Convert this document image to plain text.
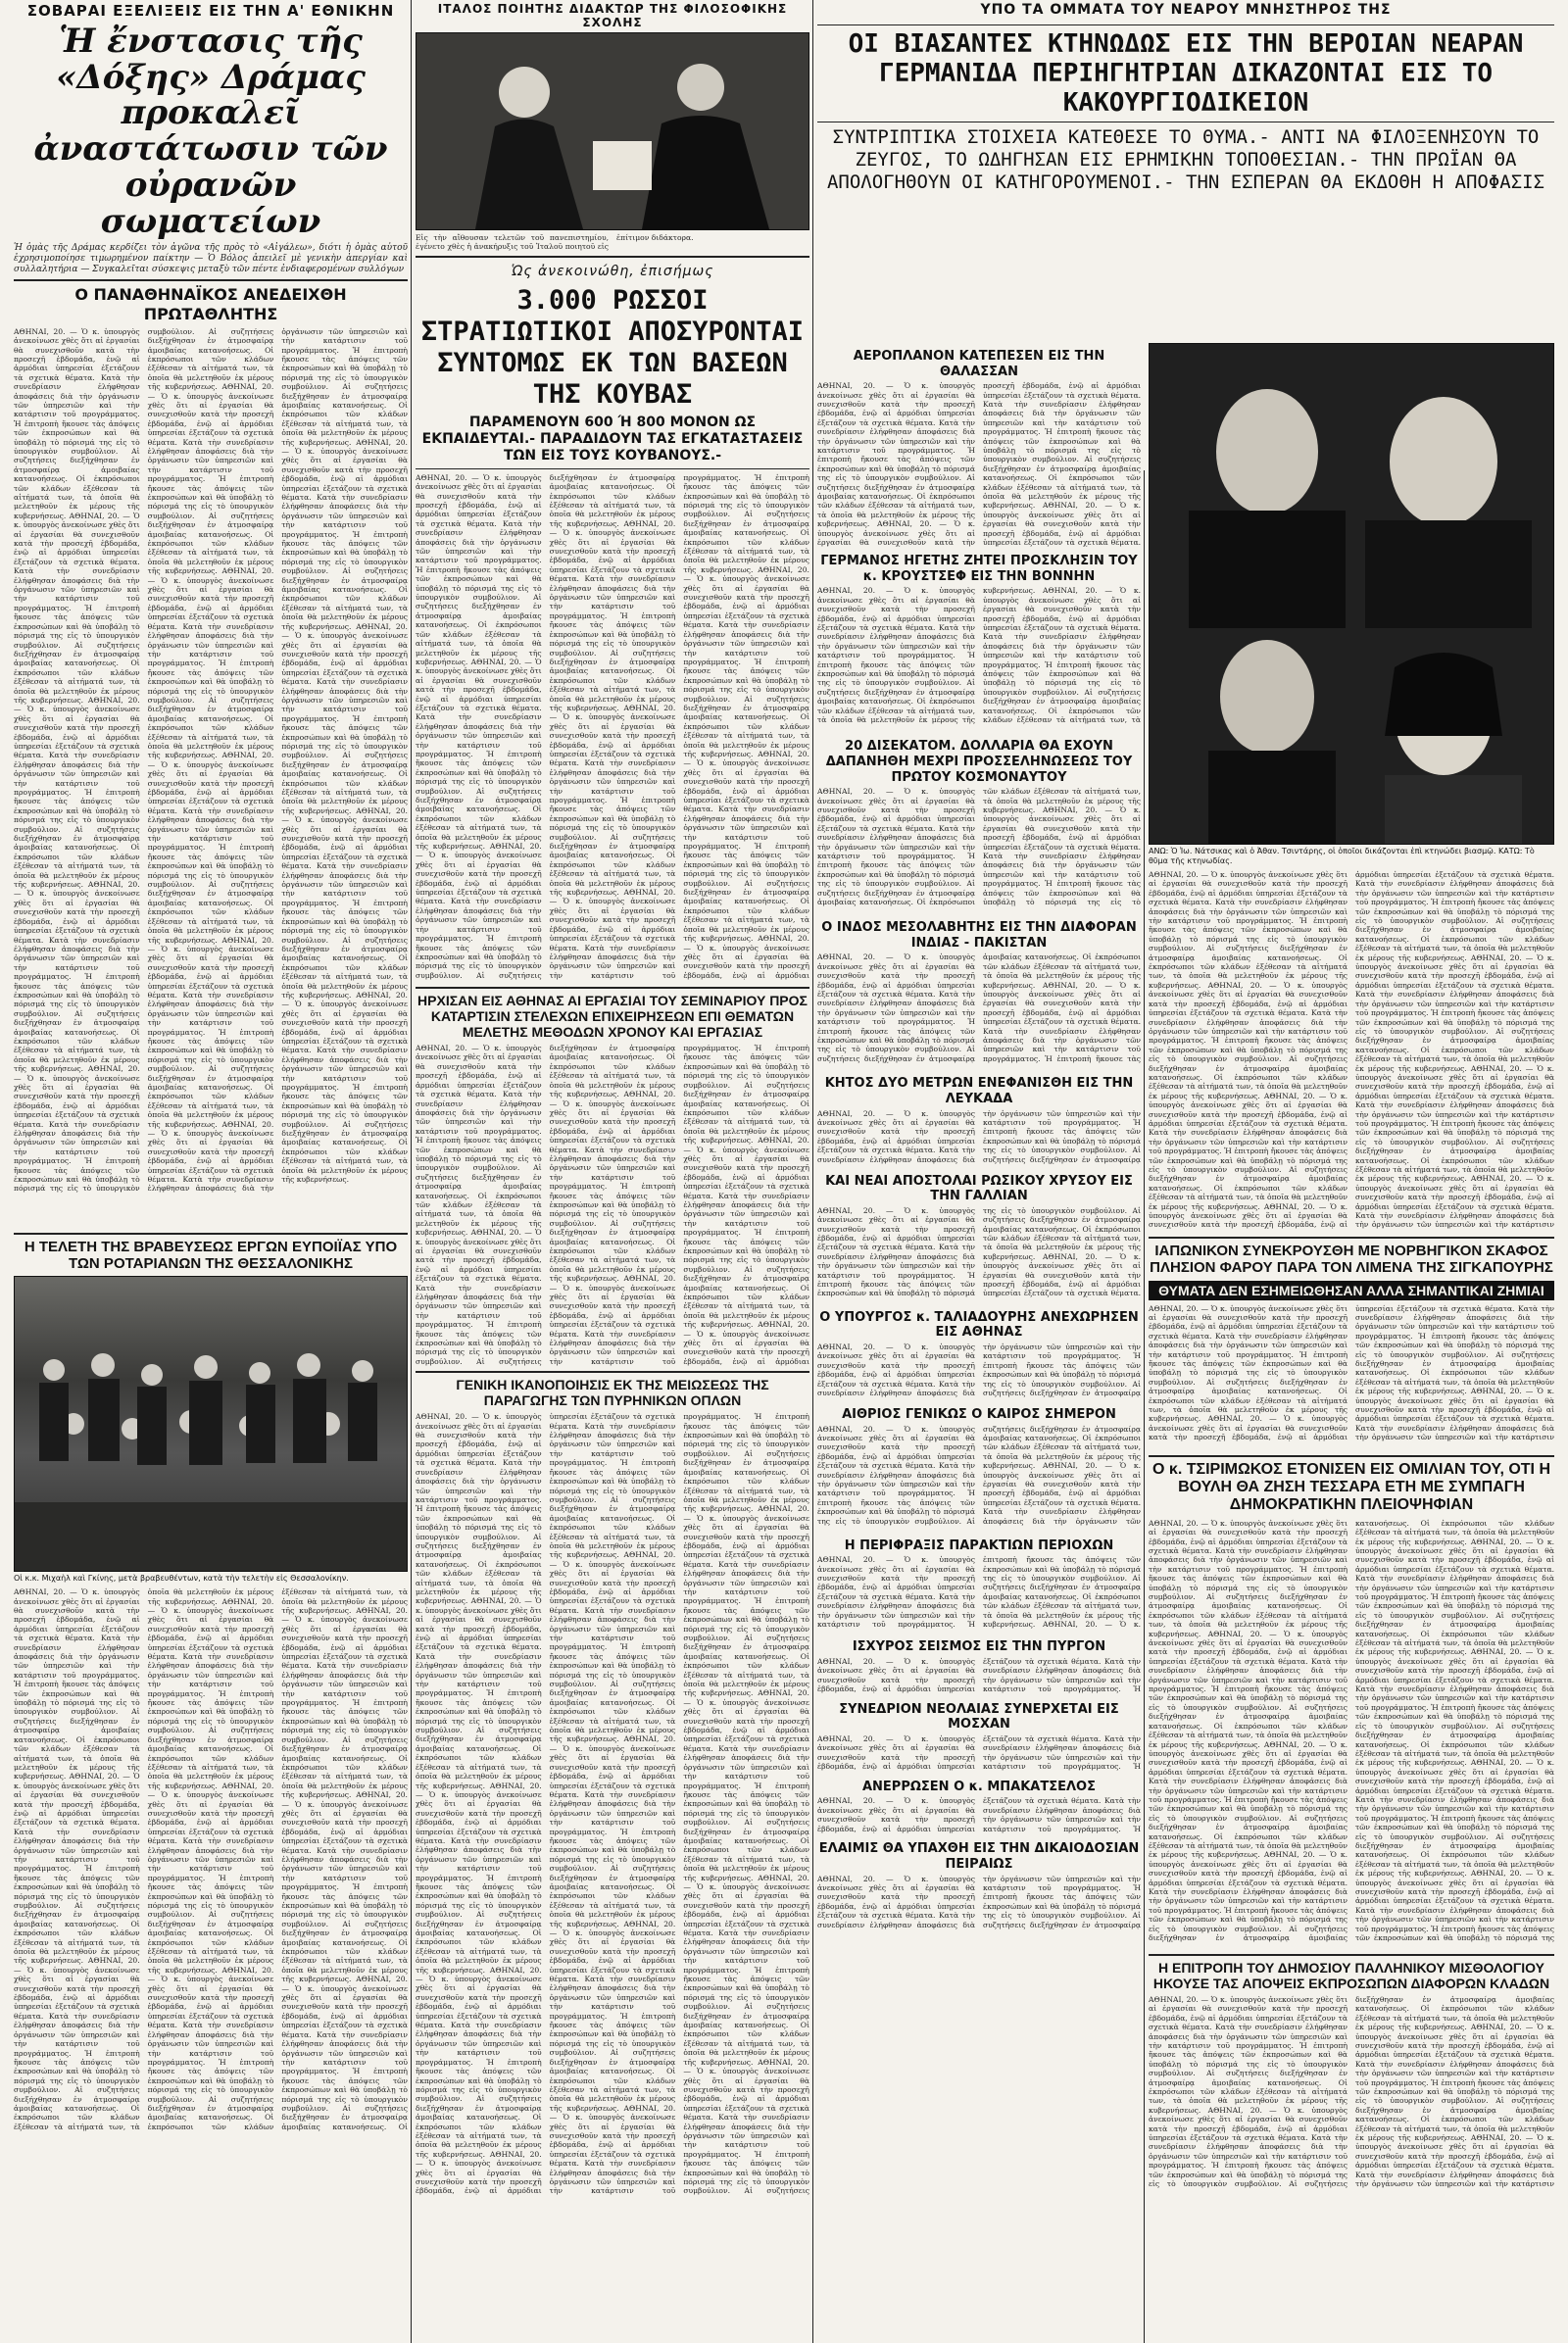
ΣΟΒΑΡΑΙ ΕΞΕΛΙΞΕΙΣ ΕΙΣ ΤΗΝ Α' ΕΘΝΙΚΗΝ
Ἡ ἔνστασις τῆς «Δόξης» Δράμας προκαλεῖ ἀναστάτωσιν τῶν οὐρανῶν σωματείων
Ἡ ὁμὰς τῆς Δράμας κερδίζει τὸν ἀγῶνα τῆς πρὸς τὸ «Αἰγάλεω», διότι ἡ ὁμὰς αὐτοῦ ἐχρησιμοποίησε τιμωρημένον παίκτην — Ὁ Βόλος ἀπειλεῖ μὲ γενικὴν ἀπεργίαν καὶ συλλαλητήρια — Συγκαλεῖται σύσκεψις μεταξὺ τῶν πέντε ἐνδιαφερομένων συλλόγων
Ο ΠΑΝΑΘΗΝΑΪΚΟΣ ΑΝΕΔΕΙΧΘΗ ΠΡΩΤΑΘΛΗΤΗΣ
ΑΘΗΝΑΙ, 20. — Ὁ κ. ὑπουργὸς ἀνεκοίνωσε χθὲς ὅτι αἱ ἐργασίαι θὰ συνεχισθοῦν κατὰ τὴν προσεχῆ ἑβδομάδα, ἐνῷ αἱ ἁρμόδιαι ὑπηρεσίαι ἐξετάζουν τὰ σχετικὰ θέματα. Κατὰ τὴν συνεδρίασιν ἐλήφθησαν ἀποφάσεις διὰ τὴν ὀργάνωσιν τῶν ὑπηρεσιῶν καὶ τὴν κατάρτισιν τοῦ προγράμματος. Ἡ ἐπιτροπὴ ἤκουσε τὰς ἀπόψεις τῶν ἐκπροσώπων καὶ θὰ ὑποβάλῃ τὸ πόρισμά της εἰς τὸ ὑπουργικὸν συμβούλιον. Αἱ συζητήσεις διεξήχθησαν ἐν ἀτμοσφαίρᾳ ἀμοιβαίας κατανοήσεως. Οἱ ἐκπρόσωποι τῶν κλάδων ἐξέθεσαν τὰ αἰτήματά των, τὰ ὁποῖα θὰ μελετηθοῦν ἐκ μέρους τῆς κυβερνήσεως. ΑΘΗΝΑΙ, 20. — Ὁ κ. ὑπουργὸς ἀνεκοίνωσε χθὲς ὅτι αἱ ἐργασίαι θὰ συνεχισθοῦν κατὰ τὴν προσεχῆ ἑβδομάδα, ἐνῷ αἱ ἁρμόδιαι ὑπηρεσίαι ἐξετάζουν τὰ σχετικὰ θέματα. Κατὰ τὴν συνεδρίασιν ἐλήφθησαν ἀποφάσεις διὰ τὴν ὀργάνωσιν τῶν ὑπηρεσιῶν καὶ τὴν κατάρτισιν τοῦ προγράμματος. Ἡ ἐπιτροπὴ ἤκουσε τὰς ἀπόψεις τῶν ἐκπροσώπων καὶ θὰ ὑποβάλῃ τὸ πόρισμά της εἰς τὸ ὑπουργικὸν συμβούλιον. Αἱ συζητήσεις διεξήχθησαν ἐν ἀτμοσφαίρᾳ ἀμοιβαίας κατανοήσεως. Οἱ ἐκπρόσωποι τῶν κλάδων ἐξέθεσαν τὰ αἰτήματά των, τὰ ὁποῖα θὰ μελετηθοῦν ἐκ μέρους τῆς κυβερνήσεως. ΑΘΗΝΑΙ, 20. — Ὁ κ. ὑπουργὸς ἀνεκοίνωσε χθὲς ὅτι αἱ ἐργασίαι θὰ συνεχισθοῦν κατὰ τὴν προσεχῆ ἑβδομάδα, ἐνῷ αἱ ἁρμόδιαι ὑπηρεσίαι ἐξετάζουν τὰ σχετικὰ θέματα. Κατὰ τὴν συνεδρίασιν ἐλήφθησαν ἀποφάσεις διὰ τὴν ὀργάνωσιν τῶν ὑπηρεσιῶν καὶ τὴν κατάρτισιν τοῦ προγράμματος. Ἡ ἐπιτροπὴ ἤκουσε τὰς ἀπόψεις τῶν ἐκπροσώπων καὶ θὰ ὑποβάλῃ τὸ πόρισμά της εἰς τὸ ὑπουργικὸν συμβούλιον. Αἱ συζητήσεις διεξήχθησαν ἐν ἀτμοσφαίρᾳ ἀμοιβαίας κατανοήσεως. Οἱ ἐκπρόσωποι τῶν κλάδων ἐξέθεσαν τὰ αἰτήματά των, τὰ ὁποῖα θὰ μελετηθοῦν ἐκ μέρους τῆς κυβερνήσεως. ΑΘΗΝΑΙ, 20. — Ὁ κ. ὑπουργὸς ἀνεκοίνωσε χθὲς ὅτι αἱ ἐργασίαι θὰ συνεχισθοῦν κατὰ τὴν προσεχῆ ἑβδομάδα, ἐνῷ αἱ ἁρμόδιαι ὑπηρεσίαι ἐξετάζουν τὰ σχετικὰ θέματα. Κατὰ τὴν συνεδρίασιν ἐλήφθησαν ἀποφάσεις διὰ τὴν ὀργάνωσιν τῶν ὑπηρεσιῶν καὶ τὴν κατάρτισιν τοῦ προγράμματος. Ἡ ἐπιτροπὴ ἤκουσε τὰς ἀπόψεις τῶν ἐκπροσώπων καὶ θὰ ὑποβάλῃ τὸ πόρισμά της εἰς τὸ ὑπουργικὸν συμβούλιον. Αἱ συζητήσεις διεξήχθησαν ἐν ἀτμοσφαίρᾳ ἀμοιβαίας κατανοήσεως. Οἱ ἐκπρόσωποι τῶν κλάδων ἐξέθεσαν τὰ αἰτήματά των, τὰ ὁποῖα θὰ μελετηθοῦν ἐκ μέρους τῆς κυβερνήσεως. ΑΘΗΝΑΙ, 20. — Ὁ κ. ὑπουργὸς ἀνεκοίνωσε χθὲς ὅτι αἱ ἐργασίαι θὰ συνεχισθοῦν κατὰ τὴν προσεχῆ ἑβδομάδα, ἐνῷ αἱ ἁρμόδιαι ὑπηρεσίαι ἐξετάζουν τὰ σχετικὰ θέματα. Κατὰ τὴν συνεδρίασιν ἐλήφθησαν ἀποφάσεις διὰ τὴν ὀργάνωσιν τῶν ὑπηρεσιῶν καὶ τὴν κατάρτισιν τοῦ προγράμματος. Ἡ ἐπιτροπὴ ἤκουσε τὰς ἀπόψεις τῶν ἐκπροσώπων καὶ θὰ ὑποβάλῃ τὸ πόρισμά της εἰς τὸ ὑπουργικὸν συμβούλιον. Αἱ συζητήσεις διεξήχθησαν ἐν ἀτμοσφαίρᾳ ἀμοιβαίας κατανοήσεως. Οἱ ἐκπρόσωποι τῶν κλάδων ἐξέθεσαν τὰ αἰτήματά των, τὰ ὁποῖα θὰ μελετηθοῦν ἐκ μέρους τῆς κυβερνήσεως. ΑΘΗΝΑΙ, 20. — Ὁ κ. ὑπουργὸς ἀνεκοίνωσε χθὲς ὅτι αἱ ἐργασίαι θὰ συνεχισθοῦν κατὰ τὴν προσεχῆ ἑβδομάδα, ἐνῷ αἱ ἁρμόδιαι ὑπηρεσίαι ἐξετάζουν τὰ σχετικὰ θέματα. Κατὰ τὴν συνεδρίασιν ἐλήφθησαν ἀποφάσεις διὰ τὴν ὀργάνωσιν τῶν ὑπηρεσιῶν καὶ τὴν κατάρτισιν τοῦ προγράμματος. Ἡ ἐπιτροπὴ ἤκουσε τὰς ἀπόψεις τῶν ἐκπροσώπων καὶ θὰ ὑποβάλῃ τὸ πόρισμά της εἰς τὸ ὑπουργικὸν συμβούλιον. Αἱ συζητήσεις διεξήχθησαν ἐν ἀτμοσφαίρᾳ ἀμοιβαίας κατανοήσεως. Οἱ ἐκπρόσωποι τῶν κλάδων ἐξέθεσαν τὰ αἰτήματά των, τὰ ὁποῖα θὰ μελετηθοῦν ἐκ μέρους τῆς κυβερνήσεως. ΑΘΗΝΑΙ, 20. — Ὁ κ. ὑπουργὸς ἀνεκοίνωσε χθὲς ὅτι αἱ ἐργασίαι θὰ συνεχισθοῦν κατὰ τὴν προσεχῆ ἑβδομάδα, ἐνῷ αἱ ἁρμόδιαι ὑπηρεσίαι ἐξετάζουν τὰ σχετικὰ θέματα. Κατὰ τὴν συνεδρίασιν ἐλήφθησαν ἀποφάσεις διὰ τὴν ὀργάνωσιν τῶν ὑπηρεσιῶν καὶ τὴν κατάρτισιν τοῦ προγράμματος. Ἡ ἐπιτροπὴ ἤκουσε τὰς ἀπόψεις τῶν ἐκπροσώπων καὶ θὰ ὑποβάλῃ τὸ πόρισμά της εἰς τὸ ὑπουργικὸν συμβούλιον. Αἱ συζητήσεις διεξήχθησαν ἐν ἀτμοσφαίρᾳ ἀμοιβαίας κατανοήσεως. Οἱ ἐκπρόσωποι τῶν κλάδων ἐξέθεσαν τὰ αἰτήματά των, τὰ ὁποῖα θὰ μελετηθοῦν ἐκ μέρους τῆς κυβερνήσεως. ΑΘΗΝΑΙ, 20. — Ὁ κ. ὑπουργὸς ἀνεκοίνωσε χθὲς ὅτι αἱ ἐργασίαι θὰ συνεχισθοῦν κατὰ τὴν προσεχῆ ἑβδομάδα, ἐνῷ αἱ ἁρμόδιαι ὑπηρεσίαι ἐξετάζουν τὰ σχετικὰ θέματα. Κατὰ τὴν συνεδρίασιν ἐλήφθησαν ἀποφάσεις διὰ τὴν ὀργάνωσιν τῶν ὑπηρεσιῶν καὶ τὴν κατάρτισιν τοῦ προγράμματος. Ἡ ἐπιτροπὴ ἤκουσε τὰς ἀπόψεις τῶν ἐκπροσώπων καὶ θὰ ὑποβάλῃ τὸ πόρισμά της εἰς τὸ ὑπουργικὸν συμβούλιον. Αἱ συζητήσεις διεξήχθησαν ἐν ἀτμοσφαίρᾳ ἀμοιβαίας κατανοήσεως. Οἱ ἐκπρόσωποι τῶν κλάδων ἐξέθεσαν τὰ αἰτήματά των, τὰ ὁποῖα θὰ μελετηθοῦν ἐκ μέρους τῆς κυβερνήσεως. ΑΘΗΝΑΙ, 20. — Ὁ κ. ὑπουργὸς ἀνεκοίνωσε χθὲς ὅτι αἱ ἐργασίαι θὰ συνεχισθοῦν κατὰ τὴν προσεχῆ ἑβδομάδα, ἐνῷ αἱ ἁρμόδιαι ὑπηρεσίαι ἐξετάζουν τὰ σχετικὰ θέματα. Κατὰ τὴν συνεδρίασιν ἐλήφθησαν ἀποφάσεις διὰ τὴν ὀργάνωσιν τῶν ὑπηρεσιῶν καὶ τὴν κατάρτισιν τοῦ προγράμματος. Ἡ ἐπιτροπὴ ἤκουσε τὰς ἀπόψεις τῶν ἐκπροσώπων καὶ θὰ ὑποβάλῃ τὸ πόρισμά της εἰς τὸ ὑπουργικὸν συμβούλιον. Αἱ συζητήσεις διεξήχθησαν ἐν ἀτμοσφαίρᾳ ἀμοιβαίας κατανοήσεως. Οἱ ἐκπρόσωποι τῶν κλάδων ἐξέθεσαν τὰ αἰτήματά των, τὰ ὁποῖα θὰ μελετηθοῦν ἐκ μέρους τῆς κυβερνήσεως. ΑΘΗΝΑΙ, 20. — Ὁ κ. ὑπουργὸς ἀνεκοίνωσε χθὲς ὅτι αἱ ἐργασίαι θὰ συνεχισθοῦν κατὰ τὴν προσεχῆ ἑβδομάδα, ἐνῷ αἱ ἁρμόδιαι ὑπηρεσίαι ἐξετάζουν τὰ σχετικὰ θέματα. Κατὰ τὴν συνεδρίασιν ἐλήφθησαν ἀποφάσεις διὰ τὴν ὀργάνωσιν τῶν ὑπηρεσιῶν καὶ τὴν κατάρτισιν τοῦ προγράμματος. Ἡ ἐπιτροπὴ ἤκουσε τὰς ἀπόψεις τῶν ἐκπροσώπων καὶ θὰ ὑποβάλῃ τὸ πόρισμά της εἰς τὸ ὑπουργικὸν συμβούλιον. Αἱ συζητήσεις διεξήχθησαν ἐν ἀτμοσφαίρᾳ ἀμοιβαίας κατανοήσεως. Οἱ ἐκπρόσωποι τῶν κλάδων ἐξέθεσαν τὰ αἰτήματά των, τὰ ὁποῖα θὰ μελετηθοῦν ἐκ μέρους τῆς κυβερνήσεως. ΑΘΗΝΑΙ, 20. — Ὁ κ. ὑπουργὸς ἀνεκοίνωσε χθὲς ὅτι αἱ ἐργασίαι θὰ συνεχισθοῦν κατὰ τὴν προσεχῆ ἑβδομάδα, ἐνῷ αἱ ἁρμόδιαι ὑπηρεσίαι ἐξετάζουν τὰ σχετικὰ θέματα. Κατὰ τὴν συνεδρίασιν ἐλήφθησαν ἀποφάσεις διὰ τὴν ὀργάνωσιν τῶν ὑπηρεσιῶν καὶ τὴν κατάρτισιν τοῦ προγράμματος. Ἡ ἐπιτροπὴ ἤκουσε τὰς ἀπόψεις τῶν ἐκπροσώπων καὶ θὰ ὑποβάλῃ τὸ πόρισμά της εἰς τὸ ὑπουργικὸν συμβούλιον. Αἱ συζητήσεις διεξήχθησαν ἐν ἀτμοσφαίρᾳ ἀμοιβαίας κατανοήσεως. Οἱ ἐκπρόσωποι τῶν κλάδων ἐξέθεσαν τὰ αἰτήματά των, τὰ ὁποῖα θὰ μελετηθοῦν ἐκ μέρους τῆς κυβερνήσεως. ΑΘΗΝΑΙ, 20. — Ὁ κ. ὑπουργὸς ἀνεκοίνωσε χθὲς ὅτι αἱ ἐργασίαι θὰ συνεχισθοῦν κατὰ τὴν προσεχῆ ἑβδομάδα, ἐνῷ αἱ ἁρμόδιαι ὑπηρεσίαι ἐξετάζουν τὰ σχετικὰ θέματα. Κατὰ τὴν συνεδρίασιν ἐλήφθησαν ἀποφάσεις διὰ τὴν ὀργάνωσιν τῶν ὑπηρεσιῶν καὶ τὴν κατάρτισιν τοῦ προγράμματος. Ἡ ἐπιτροπὴ ἤκουσε τὰς ἀπόψεις τῶν ἐκπροσώπων καὶ θὰ ὑποβάλῃ τὸ πόρισμά της εἰς τὸ ὑπουργικὸν συμβούλιον. Αἱ συζητήσεις διεξήχθησαν ἐν ἀτμοσφαίρᾳ ἀμοιβαίας κατανοήσεως. Οἱ ἐκπρόσωποι τῶν κλάδων ἐξέθεσαν τὰ αἰτήματά των, τὰ ὁποῖα θὰ μελετηθοῦν ἐκ μέρους τῆς κυβερνήσεως. ΑΘΗΝΑΙ, 20. — Ὁ κ. ὑπουργὸς ἀνεκοίνωσε χθὲς ὅτι αἱ ἐργασίαι θὰ συνεχισθοῦν κατὰ τὴν προσεχῆ ἑβδομάδα, ἐνῷ αἱ ἁρμόδιαι ὑπηρεσίαι ἐξετάζουν τὰ σχετικὰ θέματα. Κατὰ τὴν συνεδρίασιν ἐλήφθησαν ἀποφάσεις διὰ τὴν ὀργάνωσιν τῶν ὑπηρεσιῶν καὶ τὴν κατάρτισιν τοῦ προγράμματος. Ἡ ἐπιτροπὴ ἤκουσε τὰς ἀπόψεις τῶν ἐκπροσώπων καὶ θὰ ὑποβάλῃ τὸ πόρισμά της εἰς τὸ ὑπουργικὸν συμβούλιον. Αἱ συζητήσεις διεξήχθησαν ἐν ἀτμοσφαίρᾳ ἀμοιβαίας κατανοήσεως. Οἱ ἐκπρόσωποι τῶν κλάδων ἐξέθεσαν τὰ αἰτήματά των, τὰ ὁποῖα θὰ μελετηθοῦν ἐκ μέρους τῆς κυβερνήσεως. ΑΘΗΝΑΙ, 20. — Ὁ κ. ὑπουργὸς ἀνεκοίνωσε χθὲς ὅτι αἱ ἐργασίαι θὰ συνεχισθοῦν κατὰ τὴν προσεχῆ ἑβδομάδα, ἐνῷ αἱ ἁρμόδιαι ὑπηρεσίαι ἐξετάζουν τὰ σχετικὰ θέματα. Κατὰ τὴν συνεδρίασιν ἐλήφθησαν ἀποφάσεις διὰ τὴν ὀργάνωσιν τῶν ὑπηρεσιῶν καὶ τὴν κατάρτισιν τοῦ προγράμματος. Ἡ ἐπιτροπὴ ἤκουσε τὰς ἀπόψεις τῶν ἐκπροσώπων καὶ θὰ ὑποβάλῃ τὸ πόρισμά της εἰς τὸ ὑπουργικὸν συμβούλιον. Αἱ συζητήσεις διεξήχθησαν ἐν ἀτμοσφαίρᾳ ἀμοιβαίας κατανοήσεως. Οἱ ἐκπρόσωποι τῶν κλάδων ἐξέθεσαν τὰ αἰτήματά των, τὰ ὁποῖα θὰ μελετηθοῦν ἐκ μέρους τῆς κυβερνήσεως.
Η ΤΕΛΕΤΗ ΤΗΣ ΒΡΑΒΕΥΣΕΩΣ ΕΡΓΩΝ ΕΥΠΟΙΪΑΣ ΥΠΟ ΤΩΝ ΡΟΤΑΡΙΑΝΩΝ ΤΗΣ ΘΕΣΣΑΛΟΝΙΚΗΣ
Οἱ κ.κ. Μιχαὴλ καὶ Γκίνης, μετὰ βραβευθέντων, κατὰ τὴν τελετὴν εἰς Θεσσαλονίκην.
ΑΘΗΝΑΙ, 20. — Ὁ κ. ὑπουργὸς ἀνεκοίνωσε χθὲς ὅτι αἱ ἐργασίαι θὰ συνεχισθοῦν κατὰ τὴν προσεχῆ ἑβδομάδα, ἐνῷ αἱ ἁρμόδιαι ὑπηρεσίαι ἐξετάζουν τὰ σχετικὰ θέματα. Κατὰ τὴν συνεδρίασιν ἐλήφθησαν ἀποφάσεις διὰ τὴν ὀργάνωσιν τῶν ὑπηρεσιῶν καὶ τὴν κατάρτισιν τοῦ προγράμματος. Ἡ ἐπιτροπὴ ἤκουσε τὰς ἀπόψεις τῶν ἐκπροσώπων καὶ θὰ ὑποβάλῃ τὸ πόρισμά της εἰς τὸ ὑπουργικὸν συμβούλιον. Αἱ συζητήσεις διεξήχθησαν ἐν ἀτμοσφαίρᾳ ἀμοιβαίας κατανοήσεως. Οἱ ἐκπρόσωποι τῶν κλάδων ἐξέθεσαν τὰ αἰτήματά των, τὰ ὁποῖα θὰ μελετηθοῦν ἐκ μέρους τῆς κυβερνήσεως. ΑΘΗΝΑΙ, 20. — Ὁ κ. ὑπουργὸς ἀνεκοίνωσε χθὲς ὅτι αἱ ἐργασίαι θὰ συνεχισθοῦν κατὰ τὴν προσεχῆ ἑβδομάδα, ἐνῷ αἱ ἁρμόδιαι ὑπηρεσίαι ἐξετάζουν τὰ σχετικὰ θέματα. Κατὰ τὴν συνεδρίασιν ἐλήφθησαν ἀποφάσεις διὰ τὴν ὀργάνωσιν τῶν ὑπηρεσιῶν καὶ τὴν κατάρτισιν τοῦ προγράμματος. Ἡ ἐπιτροπὴ ἤκουσε τὰς ἀπόψεις τῶν ἐκπροσώπων καὶ θὰ ὑποβάλῃ τὸ πόρισμά της εἰς τὸ ὑπουργικὸν συμβούλιον. Αἱ συζητήσεις διεξήχθησαν ἐν ἀτμοσφαίρᾳ ἀμοιβαίας κατανοήσεως. Οἱ ἐκπρόσωποι τῶν κλάδων ἐξέθεσαν τὰ αἰτήματά των, τὰ ὁποῖα θὰ μελετηθοῦν ἐκ μέρους τῆς κυβερνήσεως. ΑΘΗΝΑΙ, 20. — Ὁ κ. ὑπουργὸς ἀνεκοίνωσε χθὲς ὅτι αἱ ἐργασίαι θὰ συνεχισθοῦν κατὰ τὴν προσεχῆ ἑβδομάδα, ἐνῷ αἱ ἁρμόδιαι ὑπηρεσίαι ἐξετάζουν τὰ σχετικὰ θέματα. Κατὰ τὴν συνεδρίασιν ἐλήφθησαν ἀποφάσεις διὰ τὴν ὀργάνωσιν τῶν ὑπηρεσιῶν καὶ τὴν κατάρτισιν τοῦ προγράμματος. Ἡ ἐπιτροπὴ ἤκουσε τὰς ἀπόψεις τῶν ἐκπροσώπων καὶ θὰ ὑποβάλῃ τὸ πόρισμά της εἰς τὸ ὑπουργικὸν συμβούλιον. Αἱ συζητήσεις διεξήχθησαν ἐν ἀτμοσφαίρᾳ ἀμοιβαίας κατανοήσεως. Οἱ ἐκπρόσωποι τῶν κλάδων ἐξέθεσαν τὰ αἰτήματά των, τὰ ὁποῖα θὰ μελετηθοῦν ἐκ μέρους τῆς κυβερνήσεως. ΑΘΗΝΑΙ, 20. — Ὁ κ. ὑπουργὸς ἀνεκοίνωσε χθὲς ὅτι αἱ ἐργασίαι θὰ συνεχισθοῦν κατὰ τὴν προσεχῆ ἑβδομάδα, ἐνῷ αἱ ἁρμόδιαι ὑπηρεσίαι ἐξετάζουν τὰ σχετικὰ θέματα. Κατὰ τὴν συνεδρίασιν ἐλήφθησαν ἀποφάσεις διὰ τὴν ὀργάνωσιν τῶν ὑπηρεσιῶν καὶ τὴν κατάρτισιν τοῦ προγράμματος. Ἡ ἐπιτροπὴ ἤκουσε τὰς ἀπόψεις τῶν ἐκπροσώπων καὶ θὰ ὑποβάλῃ τὸ πόρισμά της εἰς τὸ ὑπουργικὸν συμβούλιον. Αἱ συζητήσεις διεξήχθησαν ἐν ἀτμοσφαίρᾳ ἀμοιβαίας κατανοήσεως. Οἱ ἐκπρόσωποι τῶν κλάδων ἐξέθεσαν τὰ αἰτήματά των, τὰ ὁποῖα θὰ μελετηθοῦν ἐκ μέρους τῆς κυβερνήσεως. ΑΘΗΝΑΙ, 20. — Ὁ κ. ὑπουργὸς ἀνεκοίνωσε χθὲς ὅτι αἱ ἐργασίαι θὰ συνεχισθοῦν κατὰ τὴν προσεχῆ ἑβδομάδα, ἐνῷ αἱ ἁρμόδιαι ὑπηρεσίαι ἐξετάζουν τὰ σχετικὰ θέματα. Κατὰ τὴν συνεδρίασιν ἐλήφθησαν ἀποφάσεις διὰ τὴν ὀργάνωσιν τῶν ὑπηρεσιῶν καὶ τὴν κατάρτισιν τοῦ προγράμματος. Ἡ ἐπιτροπὴ ἤκουσε τὰς ἀπόψεις τῶν ἐκπροσώπων καὶ θὰ ὑποβάλῃ τὸ πόρισμά της εἰς τὸ ὑπουργικὸν συμβούλιον. Αἱ συζητήσεις διεξήχθησαν ἐν ἀτμοσφαίρᾳ ἀμοιβαίας κατανοήσεως. Οἱ ἐκπρόσωποι τῶν κλάδων ἐξέθεσαν τὰ αἰτήματά των, τὰ ὁποῖα θὰ μελετηθοῦν ἐκ μέρους τῆς κυβερνήσεως. ΑΘΗΝΑΙ, 20. — Ὁ κ. ὑπουργὸς ἀνεκοίνωσε χθὲς ὅτι αἱ ἐργασίαι θὰ συνεχισθοῦν κατὰ τὴν προσεχῆ ἑβδομάδα, ἐνῷ αἱ ἁρμόδιαι ὑπηρεσίαι ἐξετάζουν τὰ σχετικὰ θέματα. Κατὰ τὴν συνεδρίασιν ἐλήφθησαν ἀποφάσεις διὰ τὴν ὀργάνωσιν τῶν ὑπηρεσιῶν καὶ τὴν κατάρτισιν τοῦ προγράμματος. Ἡ ἐπιτροπὴ ἤκουσε τὰς ἀπόψεις τῶν ἐκπροσώπων καὶ θὰ ὑποβάλῃ τὸ πόρισμά της εἰς τὸ ὑπουργικὸν συμβούλιον. Αἱ συζητήσεις διεξήχθησαν ἐν ἀτμοσφαίρᾳ ἀμοιβαίας κατανοήσεως. Οἱ ἐκπρόσωποι τῶν κλάδων ἐξέθεσαν τὰ αἰτήματά των, τὰ ὁποῖα θὰ μελετηθοῦν ἐκ μέρους τῆς κυβερνήσεως. ΑΘΗΝΑΙ, 20. — Ὁ κ. ὑπουργὸς ἀνεκοίνωσε χθὲς ὅτι αἱ ἐργασίαι θὰ συνεχισθοῦν κατὰ τὴν προσεχῆ ἑβδομάδα, ἐνῷ αἱ ἁρμόδιαι ὑπηρεσίαι ἐξετάζουν τὰ σχετικὰ θέματα. Κατὰ τὴν συνεδρίασιν ἐλήφθησαν ἀποφάσεις διὰ τὴν ὀργάνωσιν τῶν ὑπηρεσιῶν καὶ τὴν κατάρτισιν τοῦ προγράμματος. Ἡ ἐπιτροπὴ ἤκουσε τὰς ἀπόψεις τῶν ἐκπροσώπων καὶ θὰ ὑποβάλῃ τὸ πόρισμά της εἰς τὸ ὑπουργικὸν συμβούλιον. Αἱ συζητήσεις διεξήχθησαν ἐν ἀτμοσφαίρᾳ ἀμοιβαίας κατανοήσεως. Οἱ ἐκπρόσωποι τῶν κλάδων ἐξέθεσαν τὰ αἰτήματά των, τὰ ὁποῖα θὰ μελετηθοῦν ἐκ μέρους τῆς κυβερνήσεως. ΑΘΗΝΑΙ, 20. — Ὁ κ. ὑπουργὸς ἀνεκοίνωσε χθὲς ὅτι αἱ ἐργασίαι θὰ συνεχισθοῦν κατὰ τὴν προσεχῆ ἑβδομάδα, ἐνῷ αἱ ἁρμόδιαι ὑπηρεσίαι ἐξετάζουν τὰ σχετικὰ θέματα. Κατὰ τὴν συνεδρίασιν ἐλήφθησαν ἀποφάσεις διὰ τὴν ὀργάνωσιν τῶν ὑπηρεσιῶν καὶ τὴν κατάρτισιν τοῦ προγράμματος. Ἡ ἐπιτροπὴ ἤκουσε τὰς ἀπόψεις τῶν ἐκπροσώπων καὶ θὰ ὑποβάλῃ τὸ πόρισμά της εἰς τὸ ὑπουργικὸν συμβούλιον. Αἱ συζητήσεις διεξήχθησαν ἐν ἀτμοσφαίρᾳ ἀμοιβαίας κατανοήσεως. Οἱ ἐκπρόσωποι τῶν κλάδων ἐξέθεσαν τὰ αἰτήματά των, τὰ ὁποῖα θὰ μελετηθοῦν ἐκ μέρους τῆς κυβερνήσεως. ΑΘΗΝΑΙ, 20. — Ὁ κ. ὑπουργὸς ἀνεκοίνωσε χθὲς ὅτι αἱ ἐργασίαι θὰ συνεχισθοῦν κατὰ τὴν προσεχῆ ἑβδομάδα, ἐνῷ αἱ ἁρμόδιαι ὑπηρεσίαι ἐξετάζουν τὰ σχετικὰ θέματα. Κατὰ τὴν συνεδρίασιν ἐλήφθησαν ἀποφάσεις διὰ τὴν ὀργάνωσιν τῶν ὑπηρεσιῶν καὶ τὴν κατάρτισιν τοῦ προγράμματος. Ἡ ἐπιτροπὴ ἤκουσε τὰς ἀπόψεις τῶν ἐκπροσώπων καὶ θὰ ὑποβάλῃ τὸ πόρισμά της εἰς τὸ ὑπουργικὸν συμβούλιον. Αἱ συζητήσεις διεξήχθησαν ἐν ἀτμοσφαίρᾳ ἀμοιβαίας κατανοήσεως. Οἱ
ΙΤΑΛΟΣ ΠΟΙΗΤΗΣ ΔΙΔΑΚΤΩΡ ΤΗΣ ΦΙΛΟΣΟΦΙΚΗΣ ΣΧΟΛΗΣ
Εἰς τὴν αἴθουσαν τελετῶν τοῦ πανεπιστημίου, ἐγένετο χθὲς ἡ ἀνακήρυξις τοῦ Ἰταλοῦ ποιητοῦ εἰς ἐπίτιμον διδάκτορα.
Ὡς ἀνεκοινώθη, ἐπισήμως
3.000 ΡΩΣΣΟΙ ΣΤΡΑΤΙΩΤΙΚΟΙ ΑΠΟΣΥΡΟΝΤΑΙ ΣΥΝΤΟΜΩΣ ΕΚ ΤΩΝ ΒΑΣΕΩΝ ΤΗΣ ΚΟΥΒΑΣ
ΠΑΡΑΜΕΝΟΥΝ 600 Ή 800 ΜΟΝΟΝ ΩΣ ΕΚΠΑΙΔΕΥΤΑΙ.- ΠΑΡΑΔΙΔΟΥΝ ΤΑΣ ΕΓΚΑΤΑΣΤΑΣΕΙΣ ΤΩΝ ΕΙΣ ΤΟΥΣ ΚΟΥΒΑΝΟΥΣ.-
ΑΘΗΝΑΙ, 20. — Ὁ κ. ὑπουργὸς ἀνεκοίνωσε χθὲς ὅτι αἱ ἐργασίαι θὰ συνεχισθοῦν κατὰ τὴν προσεχῆ ἑβδομάδα, ἐνῷ αἱ ἁρμόδιαι ὑπηρεσίαι ἐξετάζουν τὰ σχετικὰ θέματα. Κατὰ τὴν συνεδρίασιν ἐλήφθησαν ἀποφάσεις διὰ τὴν ὀργάνωσιν τῶν ὑπηρεσιῶν καὶ τὴν κατάρτισιν τοῦ προγράμματος. Ἡ ἐπιτροπὴ ἤκουσε τὰς ἀπόψεις τῶν ἐκπροσώπων καὶ θὰ ὑποβάλῃ τὸ πόρισμά της εἰς τὸ ὑπουργικὸν συμβούλιον. Αἱ συζητήσεις διεξήχθησαν ἐν ἀτμοσφαίρᾳ ἀμοιβαίας κατανοήσεως. Οἱ ἐκπρόσωποι τῶν κλάδων ἐξέθεσαν τὰ αἰτήματά των, τὰ ὁποῖα θὰ μελετηθοῦν ἐκ μέρους τῆς κυβερνήσεως. ΑΘΗΝΑΙ, 20. — Ὁ κ. ὑπουργὸς ἀνεκοίνωσε χθὲς ὅτι αἱ ἐργασίαι θὰ συνεχισθοῦν κατὰ τὴν προσεχῆ ἑβδομάδα, ἐνῷ αἱ ἁρμόδιαι ὑπηρεσίαι ἐξετάζουν τὰ σχετικὰ θέματα. Κατὰ τὴν συνεδρίασιν ἐλήφθησαν ἀποφάσεις διὰ τὴν ὀργάνωσιν τῶν ὑπηρεσιῶν καὶ τὴν κατάρτισιν τοῦ προγράμματος. Ἡ ἐπιτροπὴ ἤκουσε τὰς ἀπόψεις τῶν ἐκπροσώπων καὶ θὰ ὑποβάλῃ τὸ πόρισμά της εἰς τὸ ὑπουργικὸν συμβούλιον. Αἱ συζητήσεις διεξήχθησαν ἐν ἀτμοσφαίρᾳ ἀμοιβαίας κατανοήσεως. Οἱ ἐκπρόσωποι τῶν κλάδων ἐξέθεσαν τὰ αἰτήματά των, τὰ ὁποῖα θὰ μελετηθοῦν ἐκ μέρους τῆς κυβερνήσεως. ΑΘΗΝΑΙ, 20. — Ὁ κ. ὑπουργὸς ἀνεκοίνωσε χθὲς ὅτι αἱ ἐργασίαι θὰ συνεχισθοῦν κατὰ τὴν προσεχῆ ἑβδομάδα, ἐνῷ αἱ ἁρμόδιαι ὑπηρεσίαι ἐξετάζουν τὰ σχετικὰ θέματα. Κατὰ τὴν συνεδρίασιν ἐλήφθησαν ἀποφάσεις διὰ τὴν ὀργάνωσιν τῶν ὑπηρεσιῶν καὶ τὴν κατάρτισιν τοῦ προγράμματος. Ἡ ἐπιτροπὴ ἤκουσε τὰς ἀπόψεις τῶν ἐκπροσώπων καὶ θὰ ὑποβάλῃ τὸ πόρισμά της εἰς τὸ ὑπουργικὸν συμβούλιον. Αἱ συζητήσεις διεξήχθησαν ἐν ἀτμοσφαίρᾳ ἀμοιβαίας κατανοήσεως. Οἱ ἐκπρόσωποι τῶν κλάδων ἐξέθεσαν τὰ αἰτήματά των, τὰ ὁποῖα θὰ μελετηθοῦν ἐκ μέρους τῆς κυβερνήσεως. ΑΘΗΝΑΙ, 20. — Ὁ κ. ὑπουργὸς ἀνεκοίνωσε χθὲς ὅτι αἱ ἐργασίαι θὰ συνεχισθοῦν κατὰ τὴν προσεχῆ ἑβδομάδα, ἐνῷ αἱ ἁρμόδιαι ὑπηρεσίαι ἐξετάζουν τὰ σχετικὰ θέματα. Κατὰ τὴν συνεδρίασιν ἐλήφθησαν ἀποφάσεις διὰ τὴν ὀργάνωσιν τῶν ὑπηρεσιῶν καὶ τὴν κατάρτισιν τοῦ προγράμματος. Ἡ ἐπιτροπὴ ἤκουσε τὰς ἀπόψεις τῶν ἐκπροσώπων καὶ θὰ ὑποβάλῃ τὸ πόρισμά της εἰς τὸ ὑπουργικὸν συμβούλιον. Αἱ συζητήσεις διεξήχθησαν ἐν ἀτμοσφαίρᾳ ἀμοιβαίας κατανοήσεως. Οἱ ἐκπρόσωποι τῶν κλάδων ἐξέθεσαν τὰ αἰτήματά των, τὰ ὁποῖα θὰ μελετηθοῦν ἐκ μέρους τῆς κυβερνήσεως. ΑΘΗΝΑΙ, 20. — Ὁ κ. ὑπουργὸς ἀνεκοίνωσε χθὲς ὅτι αἱ ἐργασίαι θὰ συνεχισθοῦν κατὰ τὴν προσεχῆ ἑβδομάδα, ἐνῷ αἱ ἁρμόδιαι ὑπηρεσίαι ἐξετάζουν τὰ σχετικὰ θέματα. Κατὰ τὴν συνεδρίασιν ἐλήφθησαν ἀποφάσεις διὰ τὴν ὀργάνωσιν τῶν ὑπηρεσιῶν καὶ τὴν κατάρτισιν τοῦ προγράμματος. Ἡ ἐπιτροπὴ ἤκουσε τὰς ἀπόψεις τῶν ἐκπροσώπων καὶ θὰ ὑποβάλῃ τὸ πόρισμά της εἰς τὸ ὑπουργικὸν συμβούλιον. Αἱ συζητήσεις διεξήχθησαν ἐν ἀτμοσφαίρᾳ ἀμοιβαίας κατανοήσεως. Οἱ ἐκπρόσωποι τῶν κλάδων ἐξέθεσαν τὰ αἰτήματά των, τὰ ὁποῖα θὰ μελετηθοῦν ἐκ μέρους τῆς κυβερνήσεως. ΑΘΗΝΑΙ, 20. — Ὁ κ. ὑπουργὸς ἀνεκοίνωσε χθὲς ὅτι αἱ ἐργασίαι θὰ συνεχισθοῦν κατὰ τὴν προσεχῆ ἑβδομάδα, ἐνῷ αἱ ἁρμόδιαι ὑπηρεσίαι ἐξετάζουν τὰ σχετικὰ θέματα. Κατὰ τὴν συνεδρίασιν ἐλήφθησαν ἀποφάσεις διὰ τὴν ὀργάνωσιν τῶν ὑπηρεσιῶν καὶ τὴν κατάρτισιν τοῦ προγράμματος. Ἡ ἐπιτροπὴ ἤκουσε τὰς ἀπόψεις τῶν ἐκπροσώπων καὶ θὰ ὑποβάλῃ τὸ πόρισμά της εἰς τὸ ὑπουργικὸν συμβούλιον. Αἱ συζητήσεις διεξήχθησαν ἐν ἀτμοσφαίρᾳ ἀμοιβαίας κατανοήσεως. Οἱ ἐκπρόσωποι τῶν κλάδων ἐξέθεσαν τὰ αἰτήματά των, τὰ ὁποῖα θὰ μελετηθοῦν ἐκ μέρους τῆς κυβερνήσεως. ΑΘΗΝΑΙ, 20. — Ὁ κ. ὑπουργὸς ἀνεκοίνωσε χθὲς ὅτι αἱ ἐργασίαι θὰ συνεχισθοῦν κατὰ τὴν προσεχῆ ἑβδομάδα, ἐνῷ αἱ ἁρμόδιαι ὑπηρεσίαι ἐξετάζουν τὰ σχετικὰ θέματα. Κατὰ τὴν συνεδρίασιν ἐλήφθησαν ἀποφάσεις διὰ τὴν ὀργάνωσιν τῶν ὑπηρεσιῶν καὶ τὴν κατάρτισιν τοῦ προγράμματος. Ἡ ἐπιτροπὴ ἤκουσε τὰς ἀπόψεις τῶν ἐκπροσώπων καὶ θὰ ὑποβάλῃ τὸ πόρισμά της εἰς τὸ ὑπουργικὸν συμβούλιον. Αἱ συζητήσεις διεξήχθησαν ἐν ἀτμοσφαίρᾳ ἀμοιβαίας κατανοήσεως. Οἱ ἐκπρόσωποι τῶν κλάδων ἐξέθεσαν τὰ αἰτήματά των, τὰ ὁποῖα θὰ μελετηθοῦν ἐκ μέρους τῆς κυβερνήσεως. ΑΘΗΝΑΙ, 20. — Ὁ κ. ὑπουργὸς ἀνεκοίνωσε χθὲς ὅτι αἱ ἐργασίαι θὰ συνεχισθοῦν κατὰ τὴν προσεχῆ ἑβδομάδα, ἐνῷ αἱ ἁρμόδιαι ὑπηρεσίαι ἐξετάζουν τὰ σχετικὰ θέματα. Κατὰ τὴν συνεδρίασιν ἐλήφθησαν ἀποφάσεις διὰ τὴν ὀργάνωσιν τῶν ὑπηρεσιῶν καὶ τὴν κατάρτισιν τοῦ προγράμματος. Ἡ ἐπιτροπὴ ἤκουσε τὰς ἀπόψεις τῶν ἐκπροσώπων καὶ θὰ ὑποβάλῃ τὸ πόρισμά της εἰς τὸ ὑπουργικὸν συμβούλιον. Αἱ συζητήσεις διεξήχθησαν ἐν ἀτμοσφαίρᾳ ἀμοιβαίας κατανοήσεως. Οἱ ἐκπρόσωποι τῶν κλάδων ἐξέθεσαν τὰ αἰτήματά των, τὰ ὁποῖα θὰ μελετηθοῦν ἐκ μέρους τῆς κυβερνήσεως. ΑΘΗΝΑΙ, 20. — Ὁ κ. ὑπουργὸς ἀνεκοίνωσε χθὲς ὅτι αἱ ἐργασίαι θὰ συνεχισθοῦν κατὰ τὴν προσεχῆ ἑβδομάδα, ἐνῷ αἱ ἁρμόδιαι
ΗΡΧΙΣΑΝ ΕΙΣ ΑΘΗΝΑΣ ΑΙ ΕΡΓΑΣΙΑΙ ΤΟΥ ΣΕΜΙΝΑΡΙΟΥ ΠΡΟΣ ΚΑΤΑΡΤΙΣΙΝ ΣΤΕΛΕΧΩΝ ΕΠΙΧΕΙΡΗΣΕΩΝ ΕΠΙ ΘΕΜΑΤΩΝ ΜΕΛΕΤΗΣ ΜΕΘΟΔΩΝ ΧΡΟΝΟΥ ΚΑΙ ΕΡΓΑΣΙΑΣ
ΑΘΗΝΑΙ, 20. — Ὁ κ. ὑπουργὸς ἀνεκοίνωσε χθὲς ὅτι αἱ ἐργασίαι θὰ συνεχισθοῦν κατὰ τὴν προσεχῆ ἑβδομάδα, ἐνῷ αἱ ἁρμόδιαι ὑπηρεσίαι ἐξετάζουν τὰ σχετικὰ θέματα. Κατὰ τὴν συνεδρίασιν ἐλήφθησαν ἀποφάσεις διὰ τὴν ὀργάνωσιν τῶν ὑπηρεσιῶν καὶ τὴν κατάρτισιν τοῦ προγράμματος. Ἡ ἐπιτροπὴ ἤκουσε τὰς ἀπόψεις τῶν ἐκπροσώπων καὶ θὰ ὑποβάλῃ τὸ πόρισμά της εἰς τὸ ὑπουργικὸν συμβούλιον. Αἱ συζητήσεις διεξήχθησαν ἐν ἀτμοσφαίρᾳ ἀμοιβαίας κατανοήσεως. Οἱ ἐκπρόσωποι τῶν κλάδων ἐξέθεσαν τὰ αἰτήματά των, τὰ ὁποῖα θὰ μελετηθοῦν ἐκ μέρους τῆς κυβερνήσεως. ΑΘΗΝΑΙ, 20. — Ὁ κ. ὑπουργὸς ἀνεκοίνωσε χθὲς ὅτι αἱ ἐργασίαι θὰ συνεχισθοῦν κατὰ τὴν προσεχῆ ἑβδομάδα, ἐνῷ αἱ ἁρμόδιαι ὑπηρεσίαι ἐξετάζουν τὰ σχετικὰ θέματα. Κατὰ τὴν συνεδρίασιν ἐλήφθησαν ἀποφάσεις διὰ τὴν ὀργάνωσιν τῶν ὑπηρεσιῶν καὶ τὴν κατάρτισιν τοῦ προγράμματος. Ἡ ἐπιτροπὴ ἤκουσε τὰς ἀπόψεις τῶν ἐκπροσώπων καὶ θὰ ὑποβάλῃ τὸ πόρισμά της εἰς τὸ ὑπουργικὸν συμβούλιον. Αἱ συζητήσεις διεξήχθησαν ἐν ἀτμοσφαίρᾳ ἀμοιβαίας κατανοήσεως. Οἱ ἐκπρόσωποι τῶν κλάδων ἐξέθεσαν τὰ αἰτήματά των, τὰ ὁποῖα θὰ μελετηθοῦν ἐκ μέρους τῆς κυβερνήσεως. ΑΘΗΝΑΙ, 20. — Ὁ κ. ὑπουργὸς ἀνεκοίνωσε χθὲς ὅτι αἱ ἐργασίαι θὰ συνεχισθοῦν κατὰ τὴν προσεχῆ ἑβδομάδα, ἐνῷ αἱ ἁρμόδιαι ὑπηρεσίαι ἐξετάζουν τὰ σχετικὰ θέματα. Κατὰ τὴν συνεδρίασιν ἐλήφθησαν ἀποφάσεις διὰ τὴν ὀργάνωσιν τῶν ὑπηρεσιῶν καὶ τὴν κατάρτισιν τοῦ προγράμματος. Ἡ ἐπιτροπὴ ἤκουσε τὰς ἀπόψεις τῶν ἐκπροσώπων καὶ θὰ ὑποβάλῃ τὸ πόρισμά της εἰς τὸ ὑπουργικὸν συμβούλιον. Αἱ συζητήσεις διεξήχθησαν ἐν ἀτμοσφαίρᾳ ἀμοιβαίας κατανοήσεως. Οἱ ἐκπρόσωποι τῶν κλάδων ἐξέθεσαν τὰ αἰτήματά των, τὰ ὁποῖα θὰ μελετηθοῦν ἐκ μέρους τῆς κυβερνήσεως. ΑΘΗΝΑΙ, 20. — Ὁ κ. ὑπουργὸς ἀνεκοίνωσε χθὲς ὅτι αἱ ἐργασίαι θὰ συνεχισθοῦν κατὰ τὴν προσεχῆ ἑβδομάδα, ἐνῷ αἱ ἁρμόδιαι ὑπηρεσίαι ἐξετάζουν τὰ σχετικὰ θέματα. Κατὰ τὴν συνεδρίασιν ἐλήφθησαν ἀποφάσεις διὰ τὴν ὀργάνωσιν τῶν ὑπηρεσιῶν καὶ τὴν κατάρτισιν τοῦ προγράμματος. Ἡ ἐπιτροπὴ ἤκουσε τὰς ἀπόψεις τῶν ἐκπροσώπων καὶ θὰ ὑποβάλῃ τὸ πόρισμά της εἰς τὸ ὑπουργικὸν συμβούλιον. Αἱ συζητήσεις διεξήχθησαν ἐν ἀτμοσφαίρᾳ ἀμοιβαίας κατανοήσεως. Οἱ ἐκπρόσωποι τῶν κλάδων ἐξέθεσαν τὰ αἰτήματά των, τὰ ὁποῖα θὰ μελετηθοῦν ἐκ μέρους τῆς κυβερνήσεως. ΑΘΗΝΑΙ, 20. — Ὁ κ. ὑπουργὸς ἀνεκοίνωσε χθὲς ὅτι αἱ ἐργασίαι θὰ συνεχισθοῦν κατὰ τὴν προσεχῆ ἑβδομάδα, ἐνῷ αἱ ἁρμόδιαι ὑπηρεσίαι ἐξετάζουν τὰ σχετικὰ θέματα. Κατὰ τὴν συνεδρίασιν ἐλήφθησαν ἀποφάσεις διὰ τὴν ὀργάνωσιν τῶν ὑπηρεσιῶν καὶ τὴν κατάρτισιν τοῦ προγράμματος. Ἡ ἐπιτροπὴ ἤκουσε τὰς ἀπόψεις τῶν ἐκπροσώπων καὶ θὰ ὑποβάλῃ τὸ πόρισμά της εἰς τὸ ὑπουργικὸν συμβούλιον. Αἱ συζητήσεις διεξήχθησαν ἐν ἀτμοσφαίρᾳ ἀμοιβαίας κατανοήσεως. Οἱ ἐκπρόσωποι τῶν κλάδων ἐξέθεσαν τὰ αἰτήματά των, τὰ ὁποῖα θὰ μελετηθοῦν ἐκ μέρους τῆς κυβερνήσεως. ΑΘΗΝΑΙ, 20. — Ὁ κ. ὑπουργὸς ἀνεκοίνωσε χθὲς ὅτι αἱ ἐργασίαι θὰ συνεχισθοῦν κατὰ τὴν προσεχῆ ἑβδομάδα, ἐνῷ αἱ ἁρμόδιαι
ΓΕΝΙΚΗ ΙΚΑΝΟΠΟΙΗΣΙΣ ΕΚ ΤΗΣ ΜΕΙΩΣΕΩΣ ΤΗΣ ΠΑΡΑΓΩΓΗΣ ΤΩΝ ΠΥΡΗΝΙΚΩΝ ΟΠΛΩΝ
ΑΘΗΝΑΙ, 20. — Ὁ κ. ὑπουργὸς ἀνεκοίνωσε χθὲς ὅτι αἱ ἐργασίαι θὰ συνεχισθοῦν κατὰ τὴν προσεχῆ ἑβδομάδα, ἐνῷ αἱ ἁρμόδιαι ὑπηρεσίαι ἐξετάζουν τὰ σχετικὰ θέματα. Κατὰ τὴν συνεδρίασιν ἐλήφθησαν ἀποφάσεις διὰ τὴν ὀργάνωσιν τῶν ὑπηρεσιῶν καὶ τὴν κατάρτισιν τοῦ προγράμματος. Ἡ ἐπιτροπὴ ἤκουσε τὰς ἀπόψεις τῶν ἐκπροσώπων καὶ θὰ ὑποβάλῃ τὸ πόρισμά της εἰς τὸ ὑπουργικὸν συμβούλιον. Αἱ συζητήσεις διεξήχθησαν ἐν ἀτμοσφαίρᾳ ἀμοιβαίας κατανοήσεως. Οἱ ἐκπρόσωποι τῶν κλάδων ἐξέθεσαν τὰ αἰτήματά των, τὰ ὁποῖα θὰ μελετηθοῦν ἐκ μέρους τῆς κυβερνήσεως. ΑΘΗΝΑΙ, 20. — Ὁ κ. ὑπουργὸς ἀνεκοίνωσε χθὲς ὅτι αἱ ἐργασίαι θὰ συνεχισθοῦν κατὰ τὴν προσεχῆ ἑβδομάδα, ἐνῷ αἱ ἁρμόδιαι ὑπηρεσίαι ἐξετάζουν τὰ σχετικὰ θέματα. Κατὰ τὴν συνεδρίασιν ἐλήφθησαν ἀποφάσεις διὰ τὴν ὀργάνωσιν τῶν ὑπηρεσιῶν καὶ τὴν κατάρτισιν τοῦ προγράμματος. Ἡ ἐπιτροπὴ ἤκουσε τὰς ἀπόψεις τῶν ἐκπροσώπων καὶ θὰ ὑποβάλῃ τὸ πόρισμά της εἰς τὸ ὑπουργικὸν συμβούλιον. Αἱ συζητήσεις διεξήχθησαν ἐν ἀτμοσφαίρᾳ ἀμοιβαίας κατανοήσεως. Οἱ ἐκπρόσωποι τῶν κλάδων ἐξέθεσαν τὰ αἰτήματά των, τὰ ὁποῖα θὰ μελετηθοῦν ἐκ μέρους τῆς κυβερνήσεως. ΑΘΗΝΑΙ, 20. — Ὁ κ. ὑπουργὸς ἀνεκοίνωσε χθὲς ὅτι αἱ ἐργασίαι θὰ συνεχισθοῦν κατὰ τὴν προσεχῆ ἑβδομάδα, ἐνῷ αἱ ἁρμόδιαι ὑπηρεσίαι ἐξετάζουν τὰ σχετικὰ θέματα. Κατὰ τὴν συνεδρίασιν ἐλήφθησαν ἀποφάσεις διὰ τὴν ὀργάνωσιν τῶν ὑπηρεσιῶν καὶ τὴν κατάρτισιν τοῦ προγράμματος. Ἡ ἐπιτροπὴ ἤκουσε τὰς ἀπόψεις τῶν ἐκπροσώπων καὶ θὰ ὑποβάλῃ τὸ πόρισμά της εἰς τὸ ὑπουργικὸν συμβούλιον. Αἱ συζητήσεις διεξήχθησαν ἐν ἀτμοσφαίρᾳ ἀμοιβαίας κατανοήσεως. Οἱ ἐκπρόσωποι τῶν κλάδων ἐξέθεσαν τὰ αἰτήματά των, τὰ ὁποῖα θὰ μελετηθοῦν ἐκ μέρους τῆς κυβερνήσεως. ΑΘΗΝΑΙ, 20. — Ὁ κ. ὑπουργὸς ἀνεκοίνωσε χθὲς ὅτι αἱ ἐργασίαι θὰ συνεχισθοῦν κατὰ τὴν προσεχῆ ἑβδομάδα, ἐνῷ αἱ ἁρμόδιαι ὑπηρεσίαι ἐξετάζουν τὰ σχετικὰ θέματα. Κατὰ τὴν συνεδρίασιν ἐλήφθησαν ἀποφάσεις διὰ τὴν ὀργάνωσιν τῶν ὑπηρεσιῶν καὶ τὴν κατάρτισιν τοῦ προγράμματος. Ἡ ἐπιτροπὴ ἤκουσε τὰς ἀπόψεις τῶν ἐκπροσώπων καὶ θὰ ὑποβάλῃ τὸ πόρισμά της εἰς τὸ ὑπουργικὸν συμβούλιον. Αἱ συζητήσεις διεξήχθησαν ἐν ἀτμοσφαίρᾳ ἀμοιβαίας κατανοήσεως. Οἱ ἐκπρόσωποι τῶν κλάδων ἐξέθεσαν τὰ αἰτήματά των, τὰ ὁποῖα θὰ μελετηθοῦν ἐκ μέρους τῆς κυβερνήσεως. ΑΘΗΝΑΙ, 20. — Ὁ κ. ὑπουργὸς ἀνεκοίνωσε χθὲς ὅτι αἱ ἐργασίαι θὰ συνεχισθοῦν κατὰ τὴν προσεχῆ ἑβδομάδα, ἐνῷ αἱ ἁρμόδιαι ὑπηρεσίαι ἐξετάζουν τὰ σχετικὰ θέματα. Κατὰ τὴν συνεδρίασιν ἐλήφθησαν ἀποφάσεις διὰ τὴν ὀργάνωσιν τῶν ὑπηρεσιῶν καὶ τὴν κατάρτισιν τοῦ προγράμματος. Ἡ ἐπιτροπὴ ἤκουσε τὰς ἀπόψεις τῶν ἐκπροσώπων καὶ θὰ ὑποβάλῃ τὸ πόρισμά της εἰς τὸ ὑπουργικὸν συμβούλιον. Αἱ συζητήσεις διεξήχθησαν ἐν ἀτμοσφαίρᾳ ἀμοιβαίας κατανοήσεως. Οἱ ἐκπρόσωποι τῶν κλάδων ἐξέθεσαν τὰ αἰτήματά των, τὰ ὁποῖα θὰ μελετηθοῦν ἐκ μέρους τῆς κυβερνήσεως. ΑΘΗΝΑΙ, 20. — Ὁ κ. ὑπουργὸς ἀνεκοίνωσε χθὲς ὅτι αἱ ἐργασίαι θὰ συνεχισθοῦν κατὰ τὴν προσεχῆ ἑβδομάδα, ἐνῷ αἱ ἁρμόδιαι ὑπηρεσίαι ἐξετάζουν τὰ σχετικὰ θέματα. Κατὰ τὴν συνεδρίασιν ἐλήφθησαν ἀποφάσεις διὰ τὴν ὀργάνωσιν τῶν ὑπηρεσιῶν καὶ τὴν κατάρτισιν τοῦ προγράμματος. Ἡ ἐπιτροπὴ ἤκουσε τὰς ἀπόψεις τῶν ἐκπροσώπων καὶ θὰ ὑποβάλῃ τὸ πόρισμά της εἰς τὸ ὑπουργικὸν συμβούλιον. Αἱ συζητήσεις διεξήχθησαν ἐν ἀτμοσφαίρᾳ ἀμοιβαίας κατανοήσεως. Οἱ ἐκπρόσωποι τῶν κλάδων ἐξέθεσαν τὰ αἰτήματά των, τὰ ὁποῖα θὰ μελετηθοῦν ἐκ μέρους τῆς κυβερνήσεως. ΑΘΗΝΑΙ, 20. — Ὁ κ. ὑπουργὸς ἀνεκοίνωσε χθὲς ὅτι αἱ ἐργασίαι θὰ συνεχισθοῦν κατὰ τὴν προσεχῆ ἑβδομάδα, ἐνῷ αἱ ἁρμόδιαι ὑπηρεσίαι ἐξετάζουν τὰ σχετικὰ θέματα. Κατὰ τὴν συνεδρίασιν ἐλήφθησαν ἀποφάσεις διὰ τὴν ὀργάνωσιν τῶν ὑπηρεσιῶν καὶ τὴν κατάρτισιν τοῦ προγράμματος. Ἡ ἐπιτροπὴ ἤκουσε τὰς ἀπόψεις τῶν ἐκπροσώπων καὶ θὰ ὑποβάλῃ τὸ πόρισμά της εἰς τὸ ὑπουργικὸν συμβούλιον. Αἱ συζητήσεις διεξήχθησαν ἐν ἀτμοσφαίρᾳ ἀμοιβαίας κατανοήσεως. Οἱ ἐκπρόσωποι τῶν κλάδων ἐξέθεσαν τὰ αἰτήματά των, τὰ ὁποῖα θὰ μελετηθοῦν ἐκ μέρους τῆς κυβερνήσεως. ΑΘΗΝΑΙ, 20. — Ὁ κ. ὑπουργὸς ἀνεκοίνωσε χθὲς ὅτι αἱ ἐργασίαι θὰ συνεχισθοῦν κατὰ τὴν προσεχῆ ἑβδομάδα, ἐνῷ αἱ ἁρμόδιαι ὑπηρεσίαι ἐξετάζουν τὰ σχετικὰ θέματα. Κατὰ τὴν συνεδρίασιν ἐλήφθησαν ἀποφάσεις διὰ τὴν ὀργάνωσιν τῶν ὑπηρεσιῶν καὶ τὴν κατάρτισιν τοῦ προγράμματος. Ἡ ἐπιτροπὴ ἤκουσε τὰς ἀπόψεις τῶν ἐκπροσώπων καὶ θὰ ὑποβάλῃ τὸ πόρισμά της εἰς τὸ ὑπουργικὸν συμβούλιον. Αἱ συζητήσεις διεξήχθησαν ἐν ἀτμοσφαίρᾳ ἀμοιβαίας κατανοήσεως. Οἱ ἐκπρόσωποι τῶν κλάδων ἐξέθεσαν τὰ αἰτήματά των, τὰ ὁποῖα θὰ μελετηθοῦν ἐκ μέρους τῆς κυβερνήσεως. ΑΘΗΝΑΙ, 20. — Ὁ κ. ὑπουργὸς ἀνεκοίνωσε χθὲς ὅτι αἱ ἐργασίαι θὰ συνεχισθοῦν κατὰ τὴν προσεχῆ ἑβδομάδα, ἐνῷ αἱ ἁρμόδιαι ὑπηρεσίαι ἐξετάζουν τὰ σχετικὰ θέματα. Κατὰ τὴν συνεδρίασιν ἐλήφθησαν ἀποφάσεις διὰ τὴν ὀργάνωσιν τῶν ὑπηρεσιῶν καὶ τὴν κατάρτισιν τοῦ προγράμματος. Ἡ ἐπιτροπὴ ἤκουσε τὰς ἀπόψεις τῶν ἐκπροσώπων καὶ θὰ ὑποβάλῃ τὸ πόρισμά της εἰς τὸ ὑπουργικὸν συμβούλιον. Αἱ συζητήσεις διεξήχθησαν ἐν ἀτμοσφαίρᾳ ἀμοιβαίας κατανοήσεως. Οἱ ἐκπρόσωποι τῶν κλάδων ἐξέθεσαν τὰ αἰτήματά των, τὰ ὁποῖα θὰ μελετηθοῦν ἐκ μέρους τῆς κυβερνήσεως. ΑΘΗΝΑΙ, 20. — Ὁ κ. ὑπουργὸς ἀνεκοίνωσε χθὲς ὅτι αἱ ἐργασίαι θὰ συνεχισθοῦν κατὰ τὴν προσεχῆ ἑβδομάδα, ἐνῷ αἱ ἁρμόδιαι ὑπηρεσίαι ἐξετάζουν τὰ σχετικὰ θέματα. Κατὰ τὴν συνεδρίασιν ἐλήφθησαν ἀποφάσεις διὰ τὴν ὀργάνωσιν τῶν ὑπηρεσιῶν καὶ τὴν κατάρτισιν τοῦ προγράμματος. Ἡ ἐπιτροπὴ ἤκουσε τὰς ἀπόψεις τῶν ἐκπροσώπων καὶ θὰ ὑποβάλῃ τὸ πόρισμά της εἰς τὸ ὑπουργικὸν συμβούλιον. Αἱ συζητήσεις διεξήχθησαν ἐν ἀτμοσφαίρᾳ ἀμοιβαίας κατανοήσεως. Οἱ ἐκπρόσωποι τῶν κλάδων ἐξέθεσαν τὰ αἰτήματά των, τὰ ὁποῖα θὰ μελετηθοῦν ἐκ μέρους τῆς κυβερνήσεως. ΑΘΗΝΑΙ, 20. — Ὁ κ. ὑπουργὸς ἀνεκοίνωσε χθὲς ὅτι αἱ ἐργασίαι θὰ συνεχισθοῦν κατὰ τὴν προσεχῆ ἑβδομάδα, ἐνῷ αἱ ἁρμόδιαι ὑπηρεσίαι ἐξετάζουν τὰ σχετικὰ θέματα. Κατὰ τὴν συνεδρίασιν ἐλήφθησαν ἀποφάσεις διὰ τὴν ὀργάνωσιν τῶν ὑπηρεσιῶν καὶ τὴν κατάρτισιν τοῦ προγράμματος. Ἡ ἐπιτροπὴ ἤκουσε τὰς ἀπόψεις τῶν ἐκπροσώπων καὶ θὰ ὑποβάλῃ τὸ πόρισμά της εἰς τὸ ὑπουργικὸν συμβούλιον. Αἱ συζητήσεις διεξήχθησαν ἐν ἀτμοσφαίρᾳ ἀμοιβαίας κατανοήσεως. Οἱ ἐκπρόσωποι τῶν κλάδων ἐξέθεσαν τὰ αἰτήματά των, τὰ ὁποῖα θὰ μελετηθοῦν ἐκ μέρους τῆς κυβερνήσεως. ΑΘΗΝΑΙ, 20. — Ὁ κ. ὑπουργὸς ἀνεκοίνωσε χθὲς ὅτι αἱ ἐργασίαι θὰ συνεχισθοῦν κατὰ τὴν προσεχῆ ἑβδομάδα, ἐνῷ αἱ ἁρμόδιαι ὑπηρεσίαι ἐξετάζουν τὰ σχετικὰ θέματα. Κατὰ τὴν συνεδρίασιν ἐλήφθησαν ἀποφάσεις διὰ τὴν ὀργάνωσιν τῶν ὑπηρεσιῶν καὶ τὴν κατάρτισιν τοῦ προγράμματος. Ἡ ἐπιτροπὴ ἤκουσε τὰς ἀπόψεις τῶν ἐκπροσώπων καὶ θὰ ὑποβάλῃ τὸ πόρισμά της εἰς τὸ ὑπουργικὸν συμβούλιον. Αἱ συζητήσεις διεξήχθησαν ἐν ἀτμοσφαίρᾳ ἀμοιβαίας κατανοήσεως. Οἱ ἐκπρόσωποι τῶν κλάδων ἐξέθεσαν τὰ αἰτήματά των, τὰ ὁποῖα θὰ μελετηθοῦν ἐκ μέρους τῆς κυβερνήσεως. ΑΘΗΝΑΙ, 20. — Ὁ κ. ὑπουργὸς ἀνεκοίνωσε χθὲς ὅτι αἱ ἐργασίαι θὰ συνεχισθοῦν κατὰ τὴν προσεχῆ ἑβδομάδα, ἐνῷ αἱ ἁρμόδιαι ὑπηρεσίαι ἐξετάζουν τὰ σχετικὰ θέματα. Κατὰ τὴν συνεδρίασιν ἐλήφθησαν ἀποφάσεις διὰ τὴν ὀργάνωσιν τῶν ὑπηρεσιῶν καὶ τὴν κατάρτισιν τοῦ προγράμματος. Ἡ ἐπιτροπὴ ἤκουσε τὰς ἀπόψεις τῶν ἐκπροσώπων καὶ θὰ ὑποβάλῃ τὸ πόρισμά της εἰς τὸ ὑπουργικὸν συμβούλιον. Αἱ συζητήσεις
ΥΠΟ ΤΑ ΟΜΜΑΤΑ ΤΟΥ ΝΕΑΡΟΥ ΜΝΗΣΤΗΡΟΣ ΤΗΣ
ΟΙ ΒΙΑΣΑΝΤΕΣ ΚΤΗΝΩΔΩΣ ΕΙΣ ΤΗΝ ΒΕΡΟΙΑΝ ΝΕΑΡΑΝ ΓΕΡΜΑΝΙΔΑ ΠΕΡΙΗΓΗΤΡΙΑΝ ΔΙΚΑΖΟΝΤΑΙ ΕΙΣ ΤΟ ΚΑΚΟΥΡΓΙΟΔΙΚΕΙΟΝ
ΣΥΝΤΡΙΠΤΙΚΑ ΣΤΟΙΧΕΙΑ ΚΑΤΕΘΕΣΕ ΤΟ ΘΥΜΑ.- ΑΝΤΙ ΝΑ ΦΙΛΟΞΕΝΗΣΟΥΝ ΤΟ ΖΕΥΓΟΣ, ΤΟ ΩΔΗΓΗΣΑΝ ΕΙΣ ΕΡΗΜΙΚΗΝ ΤΟΠΟΘΕΣΙΑΝ.- ΤΗΝ ΠΡΩΪΑΝ ΘΑ ΑΠΟΛΟΓΗΘΟΥΝ ΟΙ ΚΑΤΗΓΟΡΟΥΜΕΝΟΙ.- ΤΗΝ ΕΣΠΕΡΑΝ ΘΑ ΕΚΔΟΘΗ Η ΑΠΟΦΑΣΙΣ
ΑΕΡΟΠΛΑΝΟΝ ΚΑΤΕΠΕΣΕΝ ΕΙΣ ΤΗΝ ΘΑΛΑΣΣΑΝ
ΑΘΗΝΑΙ, 20. — Ὁ κ. ὑπουργὸς ἀνεκοίνωσε χθὲς ὅτι αἱ ἐργασίαι θὰ συνεχισθοῦν κατὰ τὴν προσεχῆ ἑβδομάδα, ἐνῷ αἱ ἁρμόδιαι ὑπηρεσίαι ἐξετάζουν τὰ σχετικὰ θέματα. Κατὰ τὴν συνεδρίασιν ἐλήφθησαν ἀποφάσεις διὰ τὴν ὀργάνωσιν τῶν ὑπηρεσιῶν καὶ τὴν κατάρτισιν τοῦ προγράμματος. Ἡ ἐπιτροπὴ ἤκουσε τὰς ἀπόψεις τῶν ἐκπροσώπων καὶ θὰ ὑποβάλῃ τὸ πόρισμά της εἰς τὸ ὑπουργικὸν συμβούλιον. Αἱ συζητήσεις διεξήχθησαν ἐν ἀτμοσφαίρᾳ ἀμοιβαίας κατανοήσεως. Οἱ ἐκπρόσωποι τῶν κλάδων ἐξέθεσαν τὰ αἰτήματά των, τὰ ὁποῖα θὰ μελετηθοῦν ἐκ μέρους τῆς κυβερνήσεως. ΑΘΗΝΑΙ, 20. — Ὁ κ. ὑπουργὸς ἀνεκοίνωσε χθὲς ὅτι αἱ ἐργασίαι θὰ συνεχισθοῦν κατὰ τὴν προσεχῆ ἑβδομάδα, ἐνῷ αἱ ἁρμόδιαι ὑπηρεσίαι ἐξετάζουν τὰ σχετικὰ θέματα. Κατὰ τὴν συνεδρίασιν ἐλήφθησαν ἀποφάσεις διὰ τὴν ὀργάνωσιν τῶν ὑπηρεσιῶν καὶ τὴν κατάρτισιν τοῦ προγράμματος. Ἡ ἐπιτροπὴ ἤκουσε τὰς ἀπόψεις τῶν ἐκπροσώπων καὶ θὰ ὑποβάλῃ τὸ πόρισμά της εἰς τὸ ὑπουργικὸν συμβούλιον. Αἱ συζητήσεις διεξήχθησαν ἐν ἀτμοσφαίρᾳ ἀμοιβαίας κατανοήσεως. Οἱ ἐκπρόσωποι τῶν κλάδων ἐξέθεσαν τὰ αἰτήματά των, τὰ ὁποῖα θὰ μελετηθοῦν ἐκ μέρους τῆς κυβερνήσεως. ΑΘΗΝΑΙ, 20. — Ὁ κ. ὑπουργὸς ἀνεκοίνωσε χθὲς ὅτι αἱ ἐργασίαι θὰ συνεχισθοῦν κατὰ τὴν προσεχῆ ἑβδομάδα, ἐνῷ αἱ ἁρμόδιαι ὑπηρεσίαι ἐξετάζουν τὰ σχετικὰ θέματα.
ΓΕΡΜΑΝΟΣ ΗΓΕΤΗΣ ΖΗΤΕΙ ΠΡΟΣΚΛΗΣΙΝ ΤΟΥ κ. ΚΡΟΥΣΤΣΕΦ ΕΙΣ ΤΗΝ ΒΟΝΝΗΝ
ΑΘΗΝΑΙ, 20. — Ὁ κ. ὑπουργὸς ἀνεκοίνωσε χθὲς ὅτι αἱ ἐργασίαι θὰ συνεχισθοῦν κατὰ τὴν προσεχῆ ἑβδομάδα, ἐνῷ αἱ ἁρμόδιαι ὑπηρεσίαι ἐξετάζουν τὰ σχετικὰ θέματα. Κατὰ τὴν συνεδρίασιν ἐλήφθησαν ἀποφάσεις διὰ τὴν ὀργάνωσιν τῶν ὑπηρεσιῶν καὶ τὴν κατάρτισιν τοῦ προγράμματος. Ἡ ἐπιτροπὴ ἤκουσε τὰς ἀπόψεις τῶν ἐκπροσώπων καὶ θὰ ὑποβάλῃ τὸ πόρισμά της εἰς τὸ ὑπουργικὸν συμβούλιον. Αἱ συζητήσεις διεξήχθησαν ἐν ἀτμοσφαίρᾳ ἀμοιβαίας κατανοήσεως. Οἱ ἐκπρόσωποι τῶν κλάδων ἐξέθεσαν τὰ αἰτήματά των, τὰ ὁποῖα θὰ μελετηθοῦν ἐκ μέρους τῆς κυβερνήσεως. ΑΘΗΝΑΙ, 20. — Ὁ κ. ὑπουργὸς ἀνεκοίνωσε χθὲς ὅτι αἱ ἐργασίαι θὰ συνεχισθοῦν κατὰ τὴν προσεχῆ ἑβδομάδα, ἐνῷ αἱ ἁρμόδιαι ὑπηρεσίαι ἐξετάζουν τὰ σχετικὰ θέματα. Κατὰ τὴν συνεδρίασιν ἐλήφθησαν ἀποφάσεις διὰ τὴν ὀργάνωσιν τῶν ὑπηρεσιῶν καὶ τὴν κατάρτισιν τοῦ προγράμματος. Ἡ ἐπιτροπὴ ἤκουσε τὰς ἀπόψεις τῶν ἐκπροσώπων καὶ θὰ ὑποβάλῃ τὸ πόρισμά της εἰς τὸ ὑπουργικὸν συμβούλιον. Αἱ συζητήσεις διεξήχθησαν ἐν ἀτμοσφαίρᾳ ἀμοιβαίας κατανοήσεως. Οἱ ἐκπρόσωποι τῶν κλάδων ἐξέθεσαν τὰ αἰτήματά των, τὰ
20 ΔΙΣΕΚΑΤΟΜ. ΔΟΛΛΑΡΙΑ ΘΑ ΕΧΟΥΝ ΔΑΠΑΝΗΘΗ ΜΕΧΡΙ ΠΡΟΣΣΕΛΗΝΩΣΕΩΣ ΤΟΥ ΠΡΩΤΟΥ ΚΟΣΜΟΝΑΥΤΟΥ
ΑΘΗΝΑΙ, 20. — Ὁ κ. ὑπουργὸς ἀνεκοίνωσε χθὲς ὅτι αἱ ἐργασίαι θὰ συνεχισθοῦν κατὰ τὴν προσεχῆ ἑβδομάδα, ἐνῷ αἱ ἁρμόδιαι ὑπηρεσίαι ἐξετάζουν τὰ σχετικὰ θέματα. Κατὰ τὴν συνεδρίασιν ἐλήφθησαν ἀποφάσεις διὰ τὴν ὀργάνωσιν τῶν ὑπηρεσιῶν καὶ τὴν κατάρτισιν τοῦ προγράμματος. Ἡ ἐπιτροπὴ ἤκουσε τὰς ἀπόψεις τῶν ἐκπροσώπων καὶ θὰ ὑποβάλῃ τὸ πόρισμά της εἰς τὸ ὑπουργικὸν συμβούλιον. Αἱ συζητήσεις διεξήχθησαν ἐν ἀτμοσφαίρᾳ ἀμοιβαίας κατανοήσεως. Οἱ ἐκπρόσωποι τῶν κλάδων ἐξέθεσαν τὰ αἰτήματά των, τὰ ὁποῖα θὰ μελετηθοῦν ἐκ μέρους τῆς κυβερνήσεως. ΑΘΗΝΑΙ, 20. — Ὁ κ. ὑπουργὸς ἀνεκοίνωσε χθὲς ὅτι αἱ ἐργασίαι θὰ συνεχισθοῦν κατὰ τὴν προσεχῆ ἑβδομάδα, ἐνῷ αἱ ἁρμόδιαι ὑπηρεσίαι ἐξετάζουν τὰ σχετικὰ θέματα. Κατὰ τὴν συνεδρίασιν ἐλήφθησαν ἀποφάσεις διὰ τὴν ὀργάνωσιν τῶν ὑπηρεσιῶν καὶ τὴν κατάρτισιν τοῦ προγράμματος. Ἡ ἐπιτροπὴ ἤκουσε τὰς ἀπόψεις τῶν ἐκπροσώπων καὶ θὰ ὑποβάλῃ τὸ πόρισμά της εἰς τὸ
Ο ΙΝΔΟΣ ΜΕΣΟΛΑΒΗΤΗΣ ΕΙΣ ΤΗΝ ΔΙΑΦΟΡΑΝ ΙΝΔΙΑΣ - ΠΑΚΙΣΤΑΝ
ΑΘΗΝΑΙ, 20. — Ὁ κ. ὑπουργὸς ἀνεκοίνωσε χθὲς ὅτι αἱ ἐργασίαι θὰ συνεχισθοῦν κατὰ τὴν προσεχῆ ἑβδομάδα, ἐνῷ αἱ ἁρμόδιαι ὑπηρεσίαι ἐξετάζουν τὰ σχετικὰ θέματα. Κατὰ τὴν συνεδρίασιν ἐλήφθησαν ἀποφάσεις διὰ τὴν ὀργάνωσιν τῶν ὑπηρεσιῶν καὶ τὴν κατάρτισιν τοῦ προγράμματος. Ἡ ἐπιτροπὴ ἤκουσε τὰς ἀπόψεις τῶν ἐκπροσώπων καὶ θὰ ὑποβάλῃ τὸ πόρισμά της εἰς τὸ ὑπουργικὸν συμβούλιον. Αἱ συζητήσεις διεξήχθησαν ἐν ἀτμοσφαίρᾳ ἀμοιβαίας κατανοήσεως. Οἱ ἐκπρόσωποι τῶν κλάδων ἐξέθεσαν τὰ αἰτήματά των, τὰ ὁποῖα θὰ μελετηθοῦν ἐκ μέρους τῆς κυβερνήσεως. ΑΘΗΝΑΙ, 20. — Ὁ κ. ὑπουργὸς ἀνεκοίνωσε χθὲς ὅτι αἱ ἐργασίαι θὰ συνεχισθοῦν κατὰ τὴν προσεχῆ ἑβδομάδα, ἐνῷ αἱ ἁρμόδιαι ὑπηρεσίαι ἐξετάζουν τὰ σχετικὰ θέματα. Κατὰ τὴν συνεδρίασιν ἐλήφθησαν ἀποφάσεις διὰ τὴν ὀργάνωσιν τῶν ὑπηρεσιῶν καὶ τὴν κατάρτισιν τοῦ προγράμματος. Ἡ ἐπιτροπὴ ἤκουσε τὰς
ΚΗΤΟΣ ΔΥΟ ΜΕΤΡΩΝ ΕΝΕΦΑΝΙΣΘΗ ΕΙΣ ΤΗΝ ΛΕΥΚΑΔΑ
ΑΘΗΝΑΙ, 20. — Ὁ κ. ὑπουργὸς ἀνεκοίνωσε χθὲς ὅτι αἱ ἐργασίαι θὰ συνεχισθοῦν κατὰ τὴν προσεχῆ ἑβδομάδα, ἐνῷ αἱ ἁρμόδιαι ὑπηρεσίαι ἐξετάζουν τὰ σχετικὰ θέματα. Κατὰ τὴν συνεδρίασιν ἐλήφθησαν ἀποφάσεις διὰ τὴν ὀργάνωσιν τῶν ὑπηρεσιῶν καὶ τὴν κατάρτισιν τοῦ προγράμματος. Ἡ ἐπιτροπὴ ἤκουσε τὰς ἀπόψεις τῶν ἐκπροσώπων καὶ θὰ ὑποβάλῃ τὸ πόρισμά της εἰς τὸ ὑπουργικὸν συμβούλιον. Αἱ συζητήσεις διεξήχθησαν ἐν ἀτμοσφαίρᾳ
ΚΑΙ ΝΕΑΙ ΑΠΟΣΤΟΛΑΙ ΡΩΣΙΚΟΥ ΧΡΥΣΟΥ ΕΙΣ ΤΗΝ ΓΑΛΛΙΑΝ
ΑΘΗΝΑΙ, 20. — Ὁ κ. ὑπουργὸς ἀνεκοίνωσε χθὲς ὅτι αἱ ἐργασίαι θὰ συνεχισθοῦν κατὰ τὴν προσεχῆ ἑβδομάδα, ἐνῷ αἱ ἁρμόδιαι ὑπηρεσίαι ἐξετάζουν τὰ σχετικὰ θέματα. Κατὰ τὴν συνεδρίασιν ἐλήφθησαν ἀποφάσεις διὰ τὴν ὀργάνωσιν τῶν ὑπηρεσιῶν καὶ τὴν κατάρτισιν τοῦ προγράμματος. Ἡ ἐπιτροπὴ ἤκουσε τὰς ἀπόψεις τῶν ἐκπροσώπων καὶ θὰ ὑποβάλῃ τὸ πόρισμά της εἰς τὸ ὑπουργικὸν συμβούλιον. Αἱ συζητήσεις διεξήχθησαν ἐν ἀτμοσφαίρᾳ ἀμοιβαίας κατανοήσεως. Οἱ ἐκπρόσωποι τῶν κλάδων ἐξέθεσαν τὰ αἰτήματά των, τὰ ὁποῖα θὰ μελετηθοῦν ἐκ μέρους τῆς κυβερνήσεως. ΑΘΗΝΑΙ, 20. — Ὁ κ. ὑπουργὸς ἀνεκοίνωσε χθὲς ὅτι αἱ ἐργασίαι θὰ συνεχισθοῦν κατὰ τὴν προσεχῆ ἑβδομάδα, ἐνῷ αἱ ἁρμόδιαι ὑπηρεσίαι ἐξετάζουν τὰ σχετικὰ θέματα.
Ο ΥΠΟΥΡΓΟΣ κ. ΤΑΛΙΑΔΟΥΡΗΣ ΑΝΕΧΩΡΗΣΕΝ ΕΙΣ ΑΘΗΝΑΣ
ΑΘΗΝΑΙ, 20. — Ὁ κ. ὑπουργὸς ἀνεκοίνωσε χθὲς ὅτι αἱ ἐργασίαι θὰ συνεχισθοῦν κατὰ τὴν προσεχῆ ἑβδομάδα, ἐνῷ αἱ ἁρμόδιαι ὑπηρεσίαι ἐξετάζουν τὰ σχετικὰ θέματα. Κατὰ τὴν συνεδρίασιν ἐλήφθησαν ἀποφάσεις διὰ τὴν ὀργάνωσιν τῶν ὑπηρεσιῶν καὶ τὴν κατάρτισιν τοῦ προγράμματος. Ἡ ἐπιτροπὴ ἤκουσε τὰς ἀπόψεις τῶν ἐκπροσώπων καὶ θὰ ὑποβάλῃ τὸ πόρισμά της εἰς τὸ ὑπουργικὸν συμβούλιον. Αἱ συζητήσεις διεξήχθησαν ἐν ἀτμοσφαίρᾳ
ΑΙΘΡΙΟΣ ΓΕΝΙΚΩΣ Ο ΚΑΙΡΟΣ ΣΗΜΕΡΟΝ
ΑΘΗΝΑΙ, 20. — Ὁ κ. ὑπουργὸς ἀνεκοίνωσε χθὲς ὅτι αἱ ἐργασίαι θὰ συνεχισθοῦν κατὰ τὴν προσεχῆ ἑβδομάδα, ἐνῷ αἱ ἁρμόδιαι ὑπηρεσίαι ἐξετάζουν τὰ σχετικὰ θέματα. Κατὰ τὴν συνεδρίασιν ἐλήφθησαν ἀποφάσεις διὰ τὴν ὀργάνωσιν τῶν ὑπηρεσιῶν καὶ τὴν κατάρτισιν τοῦ προγράμματος. Ἡ ἐπιτροπὴ ἤκουσε τὰς ἀπόψεις τῶν ἐκπροσώπων καὶ θὰ ὑποβάλῃ τὸ πόρισμά της εἰς τὸ ὑπουργικὸν συμβούλιον. Αἱ συζητήσεις διεξήχθησαν ἐν ἀτμοσφαίρᾳ ἀμοιβαίας κατανοήσεως. Οἱ ἐκπρόσωποι τῶν κλάδων ἐξέθεσαν τὰ αἰτήματά των, τὰ ὁποῖα θὰ μελετηθοῦν ἐκ μέρους τῆς κυβερνήσεως. ΑΘΗΝΑΙ, 20. — Ὁ κ. ὑπουργὸς ἀνεκοίνωσε χθὲς ὅτι αἱ ἐργασίαι θὰ συνεχισθοῦν κατὰ τὴν προσεχῆ ἑβδομάδα, ἐνῷ αἱ ἁρμόδιαι ὑπηρεσίαι ἐξετάζουν τὰ σχετικὰ θέματα. Κατὰ τὴν συνεδρίασιν ἐλήφθησαν ἀποφάσεις διὰ τὴν ὀργάνωσιν τῶν
Η ΠΕΡΙΦΡΑΞΙΣ ΠΑΡΑΚΤΙΩΝ ΠΕΡΙΟΧΩΝ
ΑΘΗΝΑΙ, 20. — Ὁ κ. ὑπουργὸς ἀνεκοίνωσε χθὲς ὅτι αἱ ἐργασίαι θὰ συνεχισθοῦν κατὰ τὴν προσεχῆ ἑβδομάδα, ἐνῷ αἱ ἁρμόδιαι ὑπηρεσίαι ἐξετάζουν τὰ σχετικὰ θέματα. Κατὰ τὴν συνεδρίασιν ἐλήφθησαν ἀποφάσεις διὰ τὴν ὀργάνωσιν τῶν ὑπηρεσιῶν καὶ τὴν κατάρτισιν τοῦ προγράμματος. Ἡ ἐπιτροπὴ ἤκουσε τὰς ἀπόψεις τῶν ἐκπροσώπων καὶ θὰ ὑποβάλῃ τὸ πόρισμά της εἰς τὸ ὑπουργικὸν συμβούλιον. Αἱ συζητήσεις διεξήχθησαν ἐν ἀτμοσφαίρᾳ ἀμοιβαίας κατανοήσεως. Οἱ ἐκπρόσωποι τῶν κλάδων ἐξέθεσαν τὰ αἰτήματά των, τὰ ὁποῖα θὰ μελετηθοῦν ἐκ μέρους τῆς κυβερνήσεως. ΑΘΗΝΑΙ, 20. — Ὁ κ.
ΙΣΧΥΡΟΣ ΣΕΙΣΜΟΣ ΕΙΣ ΤΗΝ ΠΥΡΓΟΝ
ΑΘΗΝΑΙ, 20. — Ὁ κ. ὑπουργὸς ἀνεκοίνωσε χθὲς ὅτι αἱ ἐργασίαι θὰ συνεχισθοῦν κατὰ τὴν προσεχῆ ἑβδομάδα, ἐνῷ αἱ ἁρμόδιαι ὑπηρεσίαι ἐξετάζουν τὰ σχετικὰ θέματα. Κατὰ τὴν συνεδρίασιν ἐλήφθησαν ἀποφάσεις διὰ τὴν ὀργάνωσιν τῶν ὑπηρεσιῶν καὶ τὴν κατάρτισιν τοῦ προγράμματος. Ἡ
ΣΥΝΕΔΡΙΟΝ ΝΕΟΛΑΙΑΣ ΣΥΝΕΡΧΕΤΑΙ ΕΙΣ ΜΟΣΧΑΝ
ΑΘΗΝΑΙ, 20. — Ὁ κ. ὑπουργὸς ἀνεκοίνωσε χθὲς ὅτι αἱ ἐργασίαι θὰ συνεχισθοῦν κατὰ τὴν προσεχῆ ἑβδομάδα, ἐνῷ αἱ ἁρμόδιαι ὑπηρεσίαι ἐξετάζουν τὰ σχετικὰ θέματα. Κατὰ τὴν συνεδρίασιν ἐλήφθησαν ἀποφάσεις διὰ τὴν ὀργάνωσιν τῶν ὑπηρεσιῶν καὶ τὴν κατάρτισιν τοῦ προγράμματος. Ἡ
ΑΝΕΡΡΩΣΕΝ Ο κ. ΜΠΑΚΑΤΣΕΛΟΣ
ΑΘΗΝΑΙ, 20. — Ὁ κ. ὑπουργὸς ἀνεκοίνωσε χθὲς ὅτι αἱ ἐργασίαι θὰ συνεχισθοῦν κατὰ τὴν προσεχῆ ἑβδομάδα, ἐνῷ αἱ ἁρμόδιαι ὑπηρεσίαι ἐξετάζουν τὰ σχετικὰ θέματα. Κατὰ τὴν συνεδρίασιν ἐλήφθησαν ἀποφάσεις διὰ τὴν ὀργάνωσιν τῶν ὑπηρεσιῶν καὶ τὴν κατάρτισιν τοῦ προγράμματος. Ἡ
ΕΛΑΙΜΙΣ ΘΑ ΥΠΑΧΘΗ ΕΙΣ ΤΗΝ ΔΙΚΑΙΟΔΟΣΙΑΝ ΠΕΙΡΑΙΩΣ
ΑΘΗΝΑΙ, 20. — Ὁ κ. ὑπουργὸς ἀνεκοίνωσε χθὲς ὅτι αἱ ἐργασίαι θὰ συνεχισθοῦν κατὰ τὴν προσεχῆ ἑβδομάδα, ἐνῷ αἱ ἁρμόδιαι ὑπηρεσίαι ἐξετάζουν τὰ σχετικὰ θέματα. Κατὰ τὴν συνεδρίασιν ἐλήφθησαν ἀποφάσεις διὰ τὴν ὀργάνωσιν τῶν ὑπηρεσιῶν καὶ τὴν κατάρτισιν τοῦ προγράμματος. Ἡ ἐπιτροπὴ ἤκουσε τὰς ἀπόψεις τῶν ἐκπροσώπων καὶ θὰ ὑποβάλῃ τὸ πόρισμά της εἰς τὸ ὑπουργικὸν συμβούλιον. Αἱ συζητήσεις διεξήχθησαν ἐν ἀτμοσφαίρᾳ
ΑΝΩ: Ὁ Ἰω. Νάτσικας καὶ ὁ Ἀθαν. Τσιντάρης, οἱ ὁποῖοι δικάζονται ἐπὶ κτηνώδει βιασμῷ. ΚΑΤΩ: Τὸ θῦμα τῆς κτηνωδίας.
ΑΘΗΝΑΙ, 20. — Ὁ κ. ὑπουργὸς ἀνεκοίνωσε χθὲς ὅτι αἱ ἐργασίαι θὰ συνεχισθοῦν κατὰ τὴν προσεχῆ ἑβδομάδα, ἐνῷ αἱ ἁρμόδιαι ὑπηρεσίαι ἐξετάζουν τὰ σχετικὰ θέματα. Κατὰ τὴν συνεδρίασιν ἐλήφθησαν ἀποφάσεις διὰ τὴν ὀργάνωσιν τῶν ὑπηρεσιῶν καὶ τὴν κατάρτισιν τοῦ προγράμματος. Ἡ ἐπιτροπὴ ἤκουσε τὰς ἀπόψεις τῶν ἐκπροσώπων καὶ θὰ ὑποβάλῃ τὸ πόρισμά της εἰς τὸ ὑπουργικὸν συμβούλιον. Αἱ συζητήσεις διεξήχθησαν ἐν ἀτμοσφαίρᾳ ἀμοιβαίας κατανοήσεως. Οἱ ἐκπρόσωποι τῶν κλάδων ἐξέθεσαν τὰ αἰτήματά των, τὰ ὁποῖα θὰ μελετηθοῦν ἐκ μέρους τῆς κυβερνήσεως. ΑΘΗΝΑΙ, 20. — Ὁ κ. ὑπουργὸς ἀνεκοίνωσε χθὲς ὅτι αἱ ἐργασίαι θὰ συνεχισθοῦν κατὰ τὴν προσεχῆ ἑβδομάδα, ἐνῷ αἱ ἁρμόδιαι ὑπηρεσίαι ἐξετάζουν τὰ σχετικὰ θέματα. Κατὰ τὴν συνεδρίασιν ἐλήφθησαν ἀποφάσεις διὰ τὴν ὀργάνωσιν τῶν ὑπηρεσιῶν καὶ τὴν κατάρτισιν τοῦ προγράμματος. Ἡ ἐπιτροπὴ ἤκουσε τὰς ἀπόψεις τῶν ἐκπροσώπων καὶ θὰ ὑποβάλῃ τὸ πόρισμά της εἰς τὸ ὑπουργικὸν συμβούλιον. Αἱ συζητήσεις διεξήχθησαν ἐν ἀτμοσφαίρᾳ ἀμοιβαίας κατανοήσεως. Οἱ ἐκπρόσωποι τῶν κλάδων ἐξέθεσαν τὰ αἰτήματά των, τὰ ὁποῖα θὰ μελετηθοῦν ἐκ μέρους τῆς κυβερνήσεως. ΑΘΗΝΑΙ, 20. — Ὁ κ. ὑπουργὸς ἀνεκοίνωσε χθὲς ὅτι αἱ ἐργασίαι θὰ συνεχισθοῦν κατὰ τὴν προσεχῆ ἑβδομάδα, ἐνῷ αἱ ἁρμόδιαι ὑπηρεσίαι ἐξετάζουν τὰ σχετικὰ θέματα. Κατὰ τὴν συνεδρίασιν ἐλήφθησαν ἀποφάσεις διὰ τὴν ὀργάνωσιν τῶν ὑπηρεσιῶν καὶ τὴν κατάρτισιν τοῦ προγράμματος. Ἡ ἐπιτροπὴ ἤκουσε τὰς ἀπόψεις τῶν ἐκπροσώπων καὶ θὰ ὑποβάλῃ τὸ πόρισμά της εἰς τὸ ὑπουργικὸν συμβούλιον. Αἱ συζητήσεις διεξήχθησαν ἐν ἀτμοσφαίρᾳ ἀμοιβαίας κατανοήσεως. Οἱ ἐκπρόσωποι τῶν κλάδων ἐξέθεσαν τὰ αἰτήματά των, τὰ ὁποῖα θὰ μελετηθοῦν ἐκ μέρους τῆς κυβερνήσεως. ΑΘΗΝΑΙ, 20. — Ὁ κ. ὑπουργὸς ἀνεκοίνωσε χθὲς ὅτι αἱ ἐργασίαι θὰ συνεχισθοῦν κατὰ τὴν προσεχῆ ἑβδομάδα, ἐνῷ αἱ ἁρμόδιαι ὑπηρεσίαι ἐξετάζουν τὰ σχετικὰ θέματα. Κατὰ τὴν συνεδρίασιν ἐλήφθησαν ἀποφάσεις διὰ τὴν ὀργάνωσιν τῶν ὑπηρεσιῶν καὶ τὴν κατάρτισιν τοῦ προγράμματος. Ἡ ἐπιτροπὴ ἤκουσε τὰς ἀπόψεις τῶν ἐκπροσώπων καὶ θὰ ὑποβάλῃ τὸ πόρισμά της εἰς τὸ ὑπουργικὸν συμβούλιον. Αἱ συζητήσεις διεξήχθησαν ἐν ἀτμοσφαίρᾳ ἀμοιβαίας κατανοήσεως. Οἱ ἐκπρόσωποι τῶν κλάδων ἐξέθεσαν τὰ αἰτήματά των, τὰ ὁποῖα θὰ μελετηθοῦν ἐκ μέρους τῆς κυβερνήσεως. ΑΘΗΝΑΙ, 20. — Ὁ κ. ὑπουργὸς ἀνεκοίνωσε χθὲς ὅτι αἱ ἐργασίαι θὰ συνεχισθοῦν κατὰ τὴν προσεχῆ ἑβδομάδα, ἐνῷ αἱ ἁρμόδιαι ὑπηρεσίαι ἐξετάζουν τὰ σχετικὰ θέματα. Κατὰ τὴν συνεδρίασιν ἐλήφθησαν ἀποφάσεις διὰ τὴν ὀργάνωσιν τῶν ὑπηρεσιῶν καὶ τὴν κατάρτισιν τοῦ προγράμματος. Ἡ ἐπιτροπὴ ἤκουσε τὰς ἀπόψεις τῶν ἐκπροσώπων καὶ θὰ ὑποβάλῃ τὸ πόρισμά της εἰς τὸ ὑπουργικὸν συμβούλιον. Αἱ συζητήσεις διεξήχθησαν ἐν ἀτμοσφαίρᾳ ἀμοιβαίας κατανοήσεως. Οἱ ἐκπρόσωποι τῶν κλάδων ἐξέθεσαν τὰ αἰτήματά των, τὰ ὁποῖα θὰ μελετηθοῦν ἐκ μέρους τῆς κυβερνήσεως. ΑΘΗΝΑΙ, 20. — Ὁ κ. ὑπουργὸς ἀνεκοίνωσε χθὲς ὅτι αἱ ἐργασίαι θὰ συνεχισθοῦν κατὰ τὴν προσεχῆ ἑβδομάδα, ἐνῷ αἱ ἁρμόδιαι ὑπηρεσίαι ἐξετάζουν τὰ σχετικὰ θέματα. Κατὰ τὴν συνεδρίασιν ἐλήφθησαν ἀποφάσεις διὰ τὴν ὀργάνωσιν τῶν ὑπηρεσιῶν καὶ τὴν κατάρτισιν τοῦ προγράμματος. Ἡ ἐπιτροπὴ ἤκουσε τὰς ἀπόψεις τῶν ἐκπροσώπων καὶ θὰ ὑποβάλῃ τὸ πόρισμά της εἰς τὸ ὑπουργικὸν συμβούλιον. Αἱ συζητήσεις διεξήχθησαν ἐν ἀτμοσφαίρᾳ ἀμοιβαίας κατανοήσεως. Οἱ ἐκπρόσωποι τῶν κλάδων ἐξέθεσαν τὰ αἰτήματά των, τὰ ὁποῖα θὰ μελετηθοῦν ἐκ μέρους τῆς κυβερνήσεως. ΑΘΗΝΑΙ, 20. — Ὁ κ. ὑπουργὸς ἀνεκοίνωσε χθὲς ὅτι αἱ ἐργασίαι θὰ συνεχισθοῦν κατὰ τὴν προσεχῆ ἑβδομάδα, ἐνῷ αἱ ἁρμόδιαι ὑπηρεσίαι ἐξετάζουν τὰ σχετικὰ θέματα. Κατὰ τὴν συνεδρίασιν ἐλήφθησαν ἀποφάσεις διὰ τὴν ὀργάνωσιν τῶν ὑπηρεσιῶν καὶ τὴν κατάρτισιν
ΙΑΠΩΝΙΚΟΝ ΣΥΝΕΚΡΟΥΣΘΗ ΜΕ ΝΟΡΒΗΓΙΚΟΝ ΣΚΑΦΟΣ ΠΛΗΣΙΟΝ ΦΑΡΟΥ ΠΑΡΑ ΤΟΝ ΛΙΜΕΝΑ ΤΗΣ ΣΙΓΚΑΠΟΥΡΗΣ
ΘΥΜΑΤΑ ΔΕΝ ΕΣΗΜΕΙΩΘΗΣΑΝ ΑΛΛΑ ΣΗΜΑΝΤΙΚΑΙ ΖΗΜΙΑΙ
ΑΘΗΝΑΙ, 20. — Ὁ κ. ὑπουργὸς ἀνεκοίνωσε χθὲς ὅτι αἱ ἐργασίαι θὰ συνεχισθοῦν κατὰ τὴν προσεχῆ ἑβδομάδα, ἐνῷ αἱ ἁρμόδιαι ὑπηρεσίαι ἐξετάζουν τὰ σχετικὰ θέματα. Κατὰ τὴν συνεδρίασιν ἐλήφθησαν ἀποφάσεις διὰ τὴν ὀργάνωσιν τῶν ὑπηρεσιῶν καὶ τὴν κατάρτισιν τοῦ προγράμματος. Ἡ ἐπιτροπὴ ἤκουσε τὰς ἀπόψεις τῶν ἐκπροσώπων καὶ θὰ ὑποβάλῃ τὸ πόρισμά της εἰς τὸ ὑπουργικὸν συμβούλιον. Αἱ συζητήσεις διεξήχθησαν ἐν ἀτμοσφαίρᾳ ἀμοιβαίας κατανοήσεως. Οἱ ἐκπρόσωποι τῶν κλάδων ἐξέθεσαν τὰ αἰτήματά των, τὰ ὁποῖα θὰ μελετηθοῦν ἐκ μέρους τῆς κυβερνήσεως. ΑΘΗΝΑΙ, 20. — Ὁ κ. ὑπουργὸς ἀνεκοίνωσε χθὲς ὅτι αἱ ἐργασίαι θὰ συνεχισθοῦν κατὰ τὴν προσεχῆ ἑβδομάδα, ἐνῷ αἱ ἁρμόδιαι ὑπηρεσίαι ἐξετάζουν τὰ σχετικὰ θέματα. Κατὰ τὴν συνεδρίασιν ἐλήφθησαν ἀποφάσεις διὰ τὴν ὀργάνωσιν τῶν ὑπηρεσιῶν καὶ τὴν κατάρτισιν τοῦ προγράμματος. Ἡ ἐπιτροπὴ ἤκουσε τὰς ἀπόψεις τῶν ἐκπροσώπων καὶ θὰ ὑποβάλῃ τὸ πόρισμά της εἰς τὸ ὑπουργικὸν συμβούλιον. Αἱ συζητήσεις διεξήχθησαν ἐν ἀτμοσφαίρᾳ ἀμοιβαίας κατανοήσεως. Οἱ ἐκπρόσωποι τῶν κλάδων ἐξέθεσαν τὰ αἰτήματά των, τὰ ὁποῖα θὰ μελετηθοῦν ἐκ μέρους τῆς κυβερνήσεως. ΑΘΗΝΑΙ, 20. — Ὁ κ. ὑπουργὸς ἀνεκοίνωσε χθὲς ὅτι αἱ ἐργασίαι θὰ συνεχισθοῦν κατὰ τὴν προσεχῆ ἑβδομάδα, ἐνῷ αἱ ἁρμόδιαι ὑπηρεσίαι ἐξετάζουν τὰ σχετικὰ θέματα. Κατὰ τὴν συνεδρίασιν ἐλήφθησαν ἀποφάσεις διὰ τὴν ὀργάνωσιν τῶν ὑπηρεσιῶν καὶ τὴν κατάρτισιν
Ο κ. ΤΣΙΡΙΜΩΚΟΣ ΕΤΟΝΙΣΕΝ ΕΙΣ ΟΜΙΛΙΑΝ ΤΟΥ, ΟΤΙ Η ΒΟΥΛΗ ΘΑ ΖΗΣΗ ΤΕΣΣΑΡΑ ΕΤΗ ΜΕ ΣΥΜΠΑΓΗ ΔΗΜΟΚΡΑΤΙΚΗΝ ΠΛΕΙΟΨΗΦΙΑΝ
ΑΘΗΝΑΙ, 20. — Ὁ κ. ὑπουργὸς ἀνεκοίνωσε χθὲς ὅτι αἱ ἐργασίαι θὰ συνεχισθοῦν κατὰ τὴν προσεχῆ ἑβδομάδα, ἐνῷ αἱ ἁρμόδιαι ὑπηρεσίαι ἐξετάζουν τὰ σχετικὰ θέματα. Κατὰ τὴν συνεδρίασιν ἐλήφθησαν ἀποφάσεις διὰ τὴν ὀργάνωσιν τῶν ὑπηρεσιῶν καὶ τὴν κατάρτισιν τοῦ προγράμματος. Ἡ ἐπιτροπὴ ἤκουσε τὰς ἀπόψεις τῶν ἐκπροσώπων καὶ θὰ ὑποβάλῃ τὸ πόρισμά της εἰς τὸ ὑπουργικὸν συμβούλιον. Αἱ συζητήσεις διεξήχθησαν ἐν ἀτμοσφαίρᾳ ἀμοιβαίας κατανοήσεως. Οἱ ἐκπρόσωποι τῶν κλάδων ἐξέθεσαν τὰ αἰτήματά των, τὰ ὁποῖα θὰ μελετηθοῦν ἐκ μέρους τῆς κυβερνήσεως. ΑΘΗΝΑΙ, 20. — Ὁ κ. ὑπουργὸς ἀνεκοίνωσε χθὲς ὅτι αἱ ἐργασίαι θὰ συνεχισθοῦν κατὰ τὴν προσεχῆ ἑβδομάδα, ἐνῷ αἱ ἁρμόδιαι ὑπηρεσίαι ἐξετάζουν τὰ σχετικὰ θέματα. Κατὰ τὴν συνεδρίασιν ἐλήφθησαν ἀποφάσεις διὰ τὴν ὀργάνωσιν τῶν ὑπηρεσιῶν καὶ τὴν κατάρτισιν τοῦ προγράμματος. Ἡ ἐπιτροπὴ ἤκουσε τὰς ἀπόψεις τῶν ἐκπροσώπων καὶ θὰ ὑποβάλῃ τὸ πόρισμά της εἰς τὸ ὑπουργικὸν συμβούλιον. Αἱ συζητήσεις διεξήχθησαν ἐν ἀτμοσφαίρᾳ ἀμοιβαίας κατανοήσεως. Οἱ ἐκπρόσωποι τῶν κλάδων ἐξέθεσαν τὰ αἰτήματά των, τὰ ὁποῖα θὰ μελετηθοῦν ἐκ μέρους τῆς κυβερνήσεως. ΑΘΗΝΑΙ, 20. — Ὁ κ. ὑπουργὸς ἀνεκοίνωσε χθὲς ὅτι αἱ ἐργασίαι θὰ συνεχισθοῦν κατὰ τὴν προσεχῆ ἑβδομάδα, ἐνῷ αἱ ἁρμόδιαι ὑπηρεσίαι ἐξετάζουν τὰ σχετικὰ θέματα. Κατὰ τὴν συνεδρίασιν ἐλήφθησαν ἀποφάσεις διὰ τὴν ὀργάνωσιν τῶν ὑπηρεσιῶν καὶ τὴν κατάρτισιν τοῦ προγράμματος. Ἡ ἐπιτροπὴ ἤκουσε τὰς ἀπόψεις τῶν ἐκπροσώπων καὶ θὰ ὑποβάλῃ τὸ πόρισμά της εἰς τὸ ὑπουργικὸν συμβούλιον. Αἱ συζητήσεις διεξήχθησαν ἐν ἀτμοσφαίρᾳ ἀμοιβαίας κατανοήσεως. Οἱ ἐκπρόσωποι τῶν κλάδων ἐξέθεσαν τὰ αἰτήματά των, τὰ ὁποῖα θὰ μελετηθοῦν ἐκ μέρους τῆς κυβερνήσεως. ΑΘΗΝΑΙ, 20. — Ὁ κ. ὑπουργὸς ἀνεκοίνωσε χθὲς ὅτι αἱ ἐργασίαι θὰ συνεχισθοῦν κατὰ τὴν προσεχῆ ἑβδομάδα, ἐνῷ αἱ ἁρμόδιαι ὑπηρεσίαι ἐξετάζουν τὰ σχετικὰ θέματα. Κατὰ τὴν συνεδρίασιν ἐλήφθησαν ἀποφάσεις διὰ τὴν ὀργάνωσιν τῶν ὑπηρεσιῶν καὶ τὴν κατάρτισιν τοῦ προγράμματος. Ἡ ἐπιτροπὴ ἤκουσε τὰς ἀπόψεις τῶν ἐκπροσώπων καὶ θὰ ὑποβάλῃ τὸ πόρισμά της εἰς τὸ ὑπουργικὸν συμβούλιον. Αἱ συζητήσεις διεξήχθησαν ἐν ἀτμοσφαίρᾳ ἀμοιβαίας κατανοήσεως. Οἱ ἐκπρόσωποι τῶν κλάδων ἐξέθεσαν τὰ αἰτήματά των, τὰ ὁποῖα θὰ μελετηθοῦν ἐκ μέρους τῆς κυβερνήσεως. ΑΘΗΝΑΙ, 20. — Ὁ κ. ὑπουργὸς ἀνεκοίνωσε χθὲς ὅτι αἱ ἐργασίαι θὰ συνεχισθοῦν κατὰ τὴν προσεχῆ ἑβδομάδα, ἐνῷ αἱ ἁρμόδιαι ὑπηρεσίαι ἐξετάζουν τὰ σχετικὰ θέματα. Κατὰ τὴν συνεδρίασιν ἐλήφθησαν ἀποφάσεις διὰ τὴν ὀργάνωσιν τῶν ὑπηρεσιῶν καὶ τὴν κατάρτισιν τοῦ προγράμματος. Ἡ ἐπιτροπὴ ἤκουσε τὰς ἀπόψεις τῶν ἐκπροσώπων καὶ θὰ ὑποβάλῃ τὸ πόρισμά της εἰς τὸ ὑπουργικὸν συμβούλιον. Αἱ συζητήσεις διεξήχθησαν ἐν ἀτμοσφαίρᾳ ἀμοιβαίας κατανοήσεως. Οἱ ἐκπρόσωποι τῶν κλάδων ἐξέθεσαν τὰ αἰτήματά των, τὰ ὁποῖα θὰ μελετηθοῦν ἐκ μέρους τῆς κυβερνήσεως. ΑΘΗΝΑΙ, 20. — Ὁ κ. ὑπουργὸς ἀνεκοίνωσε χθὲς ὅτι αἱ ἐργασίαι θὰ συνεχισθοῦν κατὰ τὴν προσεχῆ ἑβδομάδα, ἐνῷ αἱ ἁρμόδιαι ὑπηρεσίαι ἐξετάζουν τὰ σχετικὰ θέματα. Κατὰ τὴν συνεδρίασιν ἐλήφθησαν ἀποφάσεις διὰ τὴν ὀργάνωσιν τῶν ὑπηρεσιῶν καὶ τὴν κατάρτισιν τοῦ προγράμματος. Ἡ ἐπιτροπὴ ἤκουσε τὰς ἀπόψεις τῶν ἐκπροσώπων καὶ θὰ ὑποβάλῃ τὸ πόρισμά της εἰς τὸ ὑπουργικὸν συμβούλιον. Αἱ συζητήσεις διεξήχθησαν ἐν ἀτμοσφαίρᾳ ἀμοιβαίας κατανοήσεως. Οἱ ἐκπρόσωποι τῶν κλάδων ἐξέθεσαν τὰ αἰτήματά των, τὰ ὁποῖα θὰ μελετηθοῦν ἐκ μέρους τῆς κυβερνήσεως. ΑΘΗΝΑΙ, 20. — Ὁ κ. ὑπουργὸς ἀνεκοίνωσε χθὲς ὅτι αἱ ἐργασίαι θὰ συνεχισθοῦν κατὰ τὴν προσεχῆ ἑβδομάδα, ἐνῷ αἱ ἁρμόδιαι ὑπηρεσίαι ἐξετάζουν τὰ σχετικὰ θέματα. Κατὰ τὴν συνεδρίασιν ἐλήφθησαν ἀποφάσεις διὰ τὴν ὀργάνωσιν τῶν ὑπηρεσιῶν καὶ τὴν κατάρτισιν τοῦ προγράμματος. Ἡ ἐπιτροπὴ ἤκουσε τὰς ἀπόψεις τῶν ἐκπροσώπων καὶ θὰ ὑποβάλῃ τὸ πόρισμά της εἰς τὸ ὑπουργικὸν συμβούλιον. Αἱ συζητήσεις διεξήχθησαν ἐν ἀτμοσφαίρᾳ ἀμοιβαίας κατανοήσεως. Οἱ ἐκπρόσωποι τῶν κλάδων ἐξέθεσαν τὰ αἰτήματά των, τὰ ὁποῖα θὰ μελετηθοῦν ἐκ μέρους τῆς κυβερνήσεως. ΑΘΗΝΑΙ, 20. — Ὁ κ. ὑπουργὸς ἀνεκοίνωσε χθὲς ὅτι αἱ ἐργασίαι θὰ συνεχισθοῦν κατὰ τὴν προσεχῆ ἑβδομάδα, ἐνῷ αἱ ἁρμόδιαι ὑπηρεσίαι ἐξετάζουν τὰ σχετικὰ θέματα. Κατὰ τὴν συνεδρίασιν ἐλήφθησαν ἀποφάσεις διὰ τὴν ὀργάνωσιν τῶν ὑπηρεσιῶν καὶ τὴν κατάρτισιν τοῦ προγράμματος. Ἡ ἐπιτροπὴ ἤκουσε τὰς ἀπόψεις τῶν ἐκπροσώπων καὶ θὰ ὑποβάλῃ τὸ πόρισμά της
Η ΕΠΙΤΡΟΠΗ ΤΟΥ ΔΗΜΟΣΙΟΥ ΠΑΛΛΗΝΙΚΟΥ ΜΙΣΘΟΛΟΓΙΟΥ ΗΚΟΥΣΕ ΤΑΣ ΑΠΟΨΕΙΣ ΕΚΠΡΟΣΩΠΩΝ ΔΙΑΦΟΡΩΝ ΚΛΑΔΩΝ
ΑΘΗΝΑΙ, 20. — Ὁ κ. ὑπουργὸς ἀνεκοίνωσε χθὲς ὅτι αἱ ἐργασίαι θὰ συνεχισθοῦν κατὰ τὴν προσεχῆ ἑβδομάδα, ἐνῷ αἱ ἁρμόδιαι ὑπηρεσίαι ἐξετάζουν τὰ σχετικὰ θέματα. Κατὰ τὴν συνεδρίασιν ἐλήφθησαν ἀποφάσεις διὰ τὴν ὀργάνωσιν τῶν ὑπηρεσιῶν καὶ τὴν κατάρτισιν τοῦ προγράμματος. Ἡ ἐπιτροπὴ ἤκουσε τὰς ἀπόψεις τῶν ἐκπροσώπων καὶ θὰ ὑποβάλῃ τὸ πόρισμά της εἰς τὸ ὑπουργικὸν συμβούλιον. Αἱ συζητήσεις διεξήχθησαν ἐν ἀτμοσφαίρᾳ ἀμοιβαίας κατανοήσεως. Οἱ ἐκπρόσωποι τῶν κλάδων ἐξέθεσαν τὰ αἰτήματά των, τὰ ὁποῖα θὰ μελετηθοῦν ἐκ μέρους τῆς κυβερνήσεως. ΑΘΗΝΑΙ, 20. — Ὁ κ. ὑπουργὸς ἀνεκοίνωσε χθὲς ὅτι αἱ ἐργασίαι θὰ συνεχισθοῦν κατὰ τὴν προσεχῆ ἑβδομάδα, ἐνῷ αἱ ἁρμόδιαι ὑπηρεσίαι ἐξετάζουν τὰ σχετικὰ θέματα. Κατὰ τὴν συνεδρίασιν ἐλήφθησαν ἀποφάσεις διὰ τὴν ὀργάνωσιν τῶν ὑπηρεσιῶν καὶ τὴν κατάρτισιν τοῦ προγράμματος. Ἡ ἐπιτροπὴ ἤκουσε τὰς ἀπόψεις τῶν ἐκπροσώπων καὶ θὰ ὑποβάλῃ τὸ πόρισμά της εἰς τὸ ὑπουργικὸν συμβούλιον. Αἱ συζητήσεις διεξήχθησαν ἐν ἀτμοσφαίρᾳ ἀμοιβαίας κατανοήσεως. Οἱ ἐκπρόσωποι τῶν κλάδων ἐξέθεσαν τὰ αἰτήματά των, τὰ ὁποῖα θὰ μελετηθοῦν ἐκ μέρους τῆς κυβερνήσεως. ΑΘΗΝΑΙ, 20. — Ὁ κ. ὑπουργὸς ἀνεκοίνωσε χθὲς ὅτι αἱ ἐργασίαι θὰ συνεχισθοῦν κατὰ τὴν προσεχῆ ἑβδομάδα, ἐνῷ αἱ ἁρμόδιαι ὑπηρεσίαι ἐξετάζουν τὰ σχετικὰ θέματα. Κατὰ τὴν συνεδρίασιν ἐλήφθησαν ἀποφάσεις διὰ τὴν ὀργάνωσιν τῶν ὑπηρεσιῶν καὶ τὴν κατάρτισιν τοῦ προγράμματος. Ἡ ἐπιτροπὴ ἤκουσε τὰς ἀπόψεις τῶν ἐκπροσώπων καὶ θὰ ὑποβάλῃ τὸ πόρισμά της εἰς τὸ ὑπουργικὸν συμβούλιον. Αἱ συζητήσεις διεξήχθησαν ἐν ἀτμοσφαίρᾳ ἀμοιβαίας κατανοήσεως. Οἱ ἐκπρόσωποι τῶν κλάδων ἐξέθεσαν τὰ αἰτήματά των, τὰ ὁποῖα θὰ μελετηθοῦν ἐκ μέρους τῆς κυβερνήσεως. ΑΘΗΝΑΙ, 20. — Ὁ κ. ὑπουργὸς ἀνεκοίνωσε χθὲς ὅτι αἱ ἐργασίαι θὰ συνεχισθοῦν κατὰ τὴν προσεχῆ ἑβδομάδα, ἐνῷ αἱ ἁρμόδιαι ὑπηρεσίαι ἐξετάζουν τὰ σχετικὰ θέματα. Κατὰ τὴν συνεδρίασιν ἐλήφθησαν ἀποφάσεις διὰ τὴν ὀργάνωσιν τῶν ὑπηρεσιῶν καὶ τὴν κατάρτισιν
